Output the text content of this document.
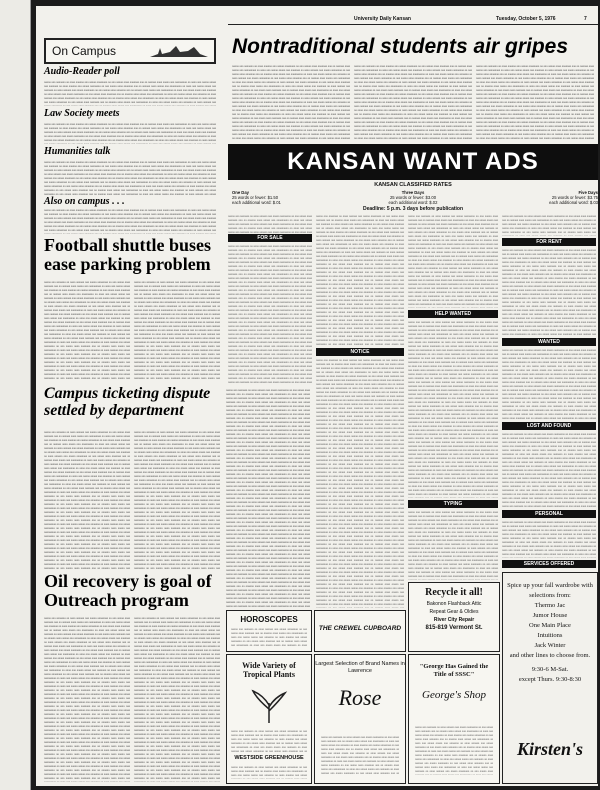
University Daily Kansan	Tuesday, October 5, 1976	7
On Campus
Audio-Reader poll
aaaaa aaa aaaaaaa aa aaaa aaaaaa aaa aaaaa aaaaaaaa aa aaa aaaaa aaaa aaaaaaa aaa aa aaaaaa aaaa aaaaa aaa aaaaaaaaa aa aaaa aaa aaaaa aaaaa aaa aaaaaaa aa aaaa aaaaaa aaa aaaaa aaaaaaaa aa aaa aaaaa aaaa aaaaaaa aaa aa aaaaaa aaaa aaaaa aaa aaaaaaaaa aa aaaa aaa aaaaa aaaaa aaa aaaaaaa aa aaaa aaaaaa aaa aaaaa aaaaaaaa aa aaa aaaaa aaaa aaaaaaa aaa aa aaaaaa aaaa aaaaa aaa aaaaaaaaa aa aaaa aaa aaaaa aaaaa aaa aaaaaaa aa aaaa aaaaaa aaa aaaaa aaaaaaaa aa aaa aaaaa aaaa aaaaaaa aaa aa aaaaaa aaaa aaaaa aaa aaaaaaaaa aa aaaa aaa aaaaa aaaaa aaa aaaaaaa aa aaaa aaaaaa aaa aaaaa aaaaaaaa aa aaa aaaaa aaaa aaaaaaa aaa aa aaaaaa aaaa aaaaa aaa aaaaaaaaa aa aaaa aaa aaaaa aaaaa aaa aaaaaaa aa aaaa aaaaaa aaa aaaaa aaaaaaaa aa aaa aaaaa aaaa aaaaaaa aaa aa aaaaaa aaaa aaaaa aaa aaaaaaaaa aa aaaa aaa aaaaa aaaaa aaa aaaaaaa aa aaaa aaaaaa aaa aaaaa aaaaaaaa aa aaa aaaaa aaaa aaaaaaa aaa aa aaaaaa aaaa aaaaa aaa aaaaaaaaa aa aaaa aaa aaaaa aaaaa aaa aaaaaaa aa aaaa aaaaaa aaa aaaaa
Law Society meets
aaaaa aaa aaaaaaa aa aaaa aaaaaa aaa aaaaa aaaaaaaa aa aaa aaaaa aaaa aaaaaaa aaa aa aaaaaa aaaa aaaaa aaa aaaaaaaaa aa aaaa aaa aaaaa aaaaa aaa aaaaaaa aa aaaa aaaaaa aaa aaaaa aaaaaaaa aa aaa aaaaa aaaa aaaaaaa aaa aa aaaaaa aaaa aaaaa aaa aaaaaaaaa aa aaaa aaa aaaaa aaaaa aaa aaaaaaa aa aaaa aaaaaa aaa aaaaa aaaaaaaa aa aaa aaaaa aaaa aaaaaaa aaa aa aaaaaa aaaa aaaaa aaa aaaaaaaaa aa aaaa aaa aaaaa aaaaa aaa aaaaaaa aa aaaa aaaaaa aaa aaaaa aaaaaaaa aa aaa aaaaa aaaa aaaaaaa aaa aa aaaaaa aaaa aaaaa aaa aaaaaaaaa aa aaaa aaa aaaaa aaaaa aaa aaaaaaa aa aaaa aaaaaa aaa aaaaa aaaaaaaa aa aaa aaaaa aaaa aaaaaaa aaa aa aaaaaa aaaa aaaaa aaa aaaaaaaaa aa aaaa aaa aaaaa aaaaa aaa aaaaaaa aa aaaa aaaaaa aaa aaaaa aaaaaaaa aa aaa aaaaa aaaa aaaaaaa aaa aa aaaaaa aaaa aaaaa aaa aaaaaaaaa aa aaaa aaa aaaaa aaaaa aaa aaaaaaa aa aaaa aaaaaa aaa
Humanities talk
aaaaa aaa aaaaaaa aa aaaa aaaaaa aaa aaaaa aaaaaaaa aa aaa aaaaa aaaa aaaaaaa aaa aa aaaaaa aaaa aaaaa aaa aaaaaaaaa aa aaaa aaa aaaaa aaaaa aaa aaaaaaa aa aaaa aaaaaa aaa aaaaa aaaaaaaa aa aaa aaaaa aaaa aaaaaaa aaa aa aaaaaa aaaa aaaaa aaa aaaaaaaaa aa aaaa aaa aaaaa aaaaa aaa aaaaaaa aa aaaa aaaaaa aaa aaaaa aaaaaaaa aa aaa aaaaa aaaa aaaaaaa aaa aa aaaaaa aaaa aaaaa aaa aaaaaaaaa aa aaaa aaa aaaaa aaaaa aaa aaaaaaa aa aaaa aaaaaa aaa aaaaa aaaaaaaa aa aaa aaaaa aaaa aaaaaaa aaa aa aaaaaa aaaa aaaaa aaa aaaaaaaaa aa aaaa aaa aaaaa aaaaa aaa aaaaaaa aa aaaa aaaaaa aaa aaaaa aaaaaaaa aa aaa aaaaa aaaa aaaaaaa aaa aa aaaaaa aaaa aaaaa aaa aaaaaaaaa aa aaaa aaa aaaaa aaaaa aaa aaaaaaa aa aaaa aaaaaa aaa aaaaa aaaaaaaa aa aaa aaaaa aaaa aaaaaaa aaa aa aaaaaa aaaa aaaaa aaa aaaaaaaaa aa aaaa aaa aaaaa aaaaa aaa aaaaaaa aa aaaa aaaaaa aaa aaaaa aaaaaaaa aa aaa aaaaa aaaa aaaaaaa aaa aa aaaaaa aaaa aaaaa aaa aaaaaaaaa aa aaaa aaa aaaaa aaaaa aaa aaaaaaa aa aaaa aaaaaa aaa aaaaa aaaaaaaa aa aaa aaaaa aaaa aaaaaaa aaa aa aaaaaa aaaa aaaaa aaa aaaaaaaaa aa aaaa aaa aaaaa aaaaa aaa aaaaaaa aa aaaa aaaaaa aaa aaaaa aaaaaaaa aa aaa aaaaa aaaa aaaaaaa aaa aa aaaaaa aaaa aaaaa aaa aaaaaaaaa aa aaaa aaa aaaaa aaaaa aaa aaaaaaa aa aaaa aaaaaa aaa aaaaa
Also on campus . . .
aaaaa aaa aaaaaaa aa aaaa aaaaaa aaa aaaaa aaaaaaaa aa aaa aaaaa aaaa aaaaaaa aaa aa aaaaaa aaaa aaaaa aaa aaaaaaaaa aa aaaa aaa aaaaa aaaaa aaa aaaaaaa aa aaaa aaaaaa aaa aaaaa aaaaaaaa aa aaa aaaaa aaaa aaaaaaa aaa aa aaaaaa aaaa aaaaa aaa aaaaaaaaa aa aaaa aaa aaaaa aaaaa aaa aaaaaaa aa aaaa aaaaaa aaa aaaaa aaaaaaaa aa aaa aaaaa aaaa aaaaaaa aaa aa aaaaaa aaaa aaaaa aaa aaaaaaaaa aa aaaa aaa aaaaa aaaaa aaa aaaaaaa aa aaaa aaaaaa aaa aaaaa aaaaaaaa aa aaa aaaaa aaaa aaaaaaa aaa aa aaaaaa aaaa aaaaa aaa aaaaaaaaa aa aaaa aaa aaaaa aaaaa aaa aaaaaaa aa aaaa aaaaaa aaa aaaaa aaaaaaaa aa aaa aaaaa aaaa aaaaaaa aaa aa aaaaaa aaaa aaaaa aaa aaaaaaaaa aa aaaa aaa aaaaa aaaaa aaa aaaaaaa aa aaaa aaaaaa aaa aaaaa aaaaaaaa aa aaa aaaaa aaaa aaaaaaa aaa aa aaaaaa aaaa aaaaa aaa aaaaaaaaa aa aaaa aaa aaaaa aaaaa aaa aaaaaaa aa aaaa aaaaaa aaa aaaaa aaaaaaaa aa aaa aaaaa aaaa aaaaaaa aaa aa aaaaaa aaaa aaaaa aaa aaaaaaaaa aa aaaa aaa aaaaa aaaaa aaa aaaaaaa aa aaaa aaaaaa aaa aaaaa
Football shuttle buses ease parking problem
aaaaa aaa aaaaaaa aa aaaa aaaaaa aaa aaaaa aaaaaaaa aa aaa aaaaa aaaa aaaaaaa aaa aa aaaaaa aaaa aaaaa aaa aaaaaaaaa aa aaaa aaa aaaaa aaaaa aaa aaaaaaa aa aaaa aaaaaa aaa aaaaa aaaaaaaa aa aaa aaaaa aaaa aaaaaaa aaa aa aaaaaa aaaa aaaaa aaa aaaaaaaaa aa aaaa aaa aaaaa aaaaa aaa aaaaaaa aa aaaa aaaaaa aaa aaaaa aaaaaaaa aa aaa aaaaa aaaa aaaaaaa aaa aa aaaaaa aaaa aaaaa aaa aaaaaaaaa aa aaaa aaa aaaaa aaaaa aaa aaaaaaa aa aaaa aaaaaa aaa aaaaa aaaaaaaa aa aaa aaaaa aaaa aaaaaaa aaa aa aaaaaa aaaa aaaaa aaa aaaaaaaaa aa aaaa aaa aaaaa aaaaa aaa aaaaaaa aa aaaa aaaaaa aaa aaaaa aaaaaaaa aa aaa aaaaa aaaa aaaaaaa aaa aa aaaaaa aaaa aaaaa aaa aaaaaaaaa aa aaaa aaa aaaaa aaaaa aaa aaaaaaa aa aaaa aaaaaa aaa aaaaa aaaaaaaa aa aaa aaaaa aaaa aaaaaaa aaa aa aaaaaa aaaa aaaaa aaa aaaaaaaaa aa aaaa aaa aaaaa aaaaa aaa aaaaaaa aa aaaa aaaaaa aaa aaaaa aaaaaaaa aa aaa aaaaa aaaa aaaaaaa aaa aa aaaaaa aaaa aaaaa aaa aaaaaaaaa aa aaaa aaa aaaaa aaaaa aaa aaaaaaa aa aaaa aaaaaa aaa aaaaa aaaaaaaa aa aaa aaaaa aaaa aaaaaaa aaa aa aaaaaa aaaa aaaaa aaa aaaaaaaaa aa aaaa aaa aaaaa aaaaa aaa aaaaaaa aa aaaa aaaaaa aaa aaaaa aaaaaaaa aa aaa aaaaa aaaa aaaaaaa aaa aa aaaaaa aaaa aaaaa aaa aaaaaaaaa aa aaaa aaa aaaaa aaaaa aaa aaaaaaa aa aaaa aaaaaa aaa aaaaa aaaaaaaa aa aaa aaaaa aaaa aaaaaaa aaa aa aaaaaa aaaa aaaaa aaa aaaaaaaaa aa aaaa aaa aaaaa aaaaa aaa aaaaaaa aa aaaa aaaaaa aaa aaaaa aaaaaaaa aa aaa aaaaa aaaa aaaaaaa aaa aa aaaaaa aaaa aaaaa aaa aaaaaaaaa aa aaaa aaa aaaaa aaaaa aaa aaaaaaa aa aaaa aaaaaa aaa aaaaa aaaaaaaa aa aaa aaaaa aaaa aaaaaaa aaa aa aaaaaa aaaa aaaaa aaa aaaaaaaaa aa aaaa aaa aaaaa aaaaa aaa aaaaaaa aa aaaa aaaaaa aaa aaaaa aaaaaaaa aa aaa aaaaa aaaa aaaaaaa aaa aa aaaaaa aaaa aaaaa aaa
aaaaa aaa aaaaaaa aa aaaa aaaaaa aaa aaaaa aaaaaaaa aa aaa aaaaa aaaa aaaaaaa aaa aa aaaaaa aaaa aaaaa aaa aaaaaaaaa aa aaaa aaa aaaaa aaaaa aaa aaaaaaa aa aaaa aaaaaa aaa aaaaa aaaaaaaa aa aaa aaaaa aaaa aaaaaaa aaa aa aaaaaa aaaa aaaaa aaa aaaaaaaaa aa aaaa aaa aaaaa aaaaa aaa aaaaaaa aa aaaa aaaaaa aaa aaaaa aaaaaaaa aa aaa aaaaa aaaa aaaaaaa aaa aa aaaaaa aaaa aaaaa aaa aaaaaaaaa aa aaaa aaa aaaaa aaaaa aaa aaaaaaa aa aaaa aaaaaa aaa aaaaa aaaaaaaa aa aaa aaaaa aaaa aaaaaaa aaa aa aaaaaa aaaa aaaaa aaa aaaaaaaaa aa aaaa aaa aaaaa aaaaa aaa aaaaaaa aa aaaa aaaaaa aaa aaaaa aaaaaaaa aa aaa aaaaa aaaa aaaaaaa aaa aa aaaaaa aaaa aaaaa aaa aaaaaaaaa aa aaaa aaa aaaaa aaaaa aaa aaaaaaa aa aaaa aaaaaa aaa aaaaa aaaaaaaa aa aaa aaaaa aaaa aaaaaaa aaa aa aaaaaa aaaa aaaaa aaa aaaaaaaaa aa aaaa aaa aaaaa aaaaa aaa aaaaaaa aa aaaa aaaaaa aaa aaaaa aaaaaaaa aa aaa aaaaa aaaa aaaaaaa aaa aa aaaaaa aaaa aaaaa aaa aaaaaaaaa aa aaaa aaa aaaaa aaaaa aaa aaaaaaa aa aaaa aaaaaa aaa aaaaa aaaaaaaa aa aaa aaaaa aaaa aaaaaaa aaa aa aaaaaa aaaa aaaaa aaa aaaaaaaaa aa aaaa aaa aaaaa aaaaa aaa aaaaaaa aa aaaa aaaaaa aaa aaaaa aaaaaaaa aa aaa aaaaa aaaa aaaaaaa aaa aa aaaaaa aaaa aaaaa aaa aaaaaaaaa aa aaaa aaa aaaaa aaaaa aaa aaaaaaa aa aaaa aaaaaa aaa aaaaa aaaaaaaa aa aaa aaaaa aaaa aaaaaaa aaa aa aaaaaa aaaa aaaaa aaa aaaaaaaaa aa aaaa aaa aaaaa aaaaa aaa aaaaaaa aa aaaa aaaaaa aaa aaaaa aaaaaaaa aa aaa aaaaa aaaa aaaaaaa aaa aa aaaaaa aaaa aaaaa aaa aaaaaaaaa aa aaaa aaa aaaaa aaaaa aaa aaaaaaa aa aaaa aaaaaa aaa aaaaa aaaaaaaa aa aaa aaaaa aaaa aaaaaaa aaa aa aaaaaa aaaa aaaaa aaa aaaaaaaaa aa aaaa aaa aaaaa aaaaa aaa aaaaaaa aa aaaa aaaaaa aaa aaaaa aaaaaaaa aa aaa aaaaa aaaa aaaaaaa aaa aa aaaaaa aaaa aaaaa aaa
Campus ticketing dispute settled by department
aaaaa aaa aaaaaaa aa aaaa aaaaaa aaa aaaaa aaaaaaaa aa aaa aaaaa aaaa aaaaaaa aaa aa aaaaaa aaaa aaaaa aaa aaaaaaaaa aa aaaa aaa aaaaa aaaaa aaa aaaaaaa aa aaaa aaaaaa aaa aaaaa aaaaaaaa aa aaa aaaaa aaaa aaaaaaa aaa aa aaaaaa aaaa aaaaa aaa aaaaaaaaa aa aaaa aaa aaaaa aaaaa aaa aaaaaaa aa aaaa aaaaaa aaa aaaaa aaaaaaaa aa aaa aaaaa aaaa aaaaaaa aaa aa aaaaaa aaaa aaaaa aaa aaaaaaaaa aa aaaa aaa aaaaa aaaaa aaa aaaaaaa aa aaaa aaaaaa aaa aaaaa aaaaaaaa aa aaa aaaaa aaaa aaaaaaa aaa aa aaaaaa aaaa aaaaa aaa aaaaaaaaa aa aaaa aaa aaaaa aaaaa aaa aaaaaaa aa aaaa aaaaaa aaa aaaaa aaaaaaaa aa aaa aaaaa aaaa aaaaaaa aaa aa aaaaaa aaaa aaaaa aaa aaaaaaaaa aa aaaa aaa aaaaa aaaaa aaa aaaaaaa aa aaaa aaaaaa aaa aaaaa aaaaaaaa aa aaa aaaaa aaaa aaaaaaa aaa aa aaaaaa aaaa aaaaa aaa aaaaaaaaa aa aaaa aaa aaaaa aaaaa aaa aaaaaaa aa aaaa aaaaaa aaa aaaaa aaaaaaaa aa aaa aaaaa aaaa aaaaaaa aaa aa aaaaaa aaaa aaaaa aaa aaaaaaaaa aa aaaa aaa aaaaa aaaaa aaa aaaaaaa aa aaaa aaaaaa aaa aaaaa aaaaaaaa aa aaa aaaaa aaaa aaaaaaa aaa aa aaaaaa aaaa aaaaa aaa aaaaaaaaa aa aaaa aaa aaaaa aaaaa aaa aaaaaaa aa aaaa aaaaaa aaa aaaaa aaaaaaaa aa aaa aaaaa aaaa aaaaaaa aaa aa aaaaaa aaaa aaaaa aaa aaaaaaaaa aa aaaa aaa aaaaa aaaaa aaa aaaaaaa aa aaaa aaaaaa aaa aaaaa aaaaaaaa aa aaa aaaaa aaaa aaaaaaa aaa aa aaaaaa aaaa aaaaa aaa aaaaaaaaa aa aaaa aaa aaaaa aaaaa aaa aaaaaaa aa aaaa aaaaaa aaa aaaaa aaaaaaaa aa aaa aaaaa aaaa aaaaaaa aaa aa aaaaaa aaaa aaaaa aaa aaaaaaaaa aa aaaa aaa aaaaa aaaaa aaa aaaaaaa aa aaaa aaaaaa aaa aaaaa aaaaaaaa aa aaa aaaaa aaaa aaaaaaa aaa aa aaaaaa aaaa aaaaa aaa aaaaaaaaa aa aaaa aaa aaaaa aaaaa aaa aaaaaaa aa aaaa aaaaaa aaa aaaaa aaaaaaaa aa aaa aaaaa aaaa aaaaaaa aaa aa aaaaaa aaaa aaaaa aaa aaaaaaaaa aa aaaa aaa aaaaa aaaaa aaa aaaaaaa aa aaaa aaaaaa aaa aaaaa aaaaaaaa aa aaa aaaaa aaaa aaaaaaa aaa aa aaaaaa aaaa aaaaa aaa aaaaaaaaa aa aaaa aaa aaaaa aaaaa aaa aaaaaaa aa aaaa aaaaaa aaa aaaaa aaaaaaaa aa aaa aaaaa aaaa aaaaaaa aaa aa aaaaaa aaaa aaaaa aaa aaaaaaaaa aa aaaa aaa aaaaa aaaaa aaa aaaaaaa aa aaaa aaaaaa aaa aaaaa aaaaaaaa aa aaa aaaaa aaaa aaaaaaa aaa aa aaaaaa aaaa aaaaa aaa aaaaaaaaa aa aaaa aaa aaaaa aaaaa aaa aaaaaaa aa aaaa aaaaaa aaa aaaaa aaaaaaaa aa aaa aaaaa aaaa aaaaaaa aaa aa aaaaaa aaaa aaaaa aaa aaaaaaaaa aa aaaa aaa aaaaa aaaaa aaa aaaaaaa aa aaaa aaaaaa aaa aaaaa aaaaaaaa aa aaa aaaaa aaaa aaaaaaa aaa aa aaaaaa aaaa aaaaa aaa
aaaaa aaa aaaaaaa aa aaaa aaaaaa aaa aaaaa aaaaaaaa aa aaa aaaaa aaaa aaaaaaa aaa aa aaaaaa aaaa aaaaa aaa aaaaaaaaa aa aaaa aaa aaaaa aaaaa aaa aaaaaaa aa aaaa aaaaaa aaa aaaaa aaaaaaaa aa aaa aaaaa aaaa aaaaaaa aaa aa aaaaaa aaaa aaaaa aaa aaaaaaaaa aa aaaa aaa aaaaa aaaaa aaa aaaaaaa aa aaaa aaaaaa aaa aaaaa aaaaaaaa aa aaa aaaaa aaaa aaaaaaa aaa aa aaaaaa aaaa aaaaa aaa aaaaaaaaa aa aaaa aaa aaaaa aaaaa aaa aaaaaaa aa aaaa aaaaaa aaa aaaaa aaaaaaaa aa aaa aaaaa aaaa aaaaaaa aaa aa aaaaaa aaaa aaaaa aaa aaaaaaaaa aa aaaa aaa aaaaa aaaaa aaa aaaaaaa aa aaaa aaaaaa aaa aaaaa aaaaaaaa aa aaa aaaaa aaaa aaaaaaa aaa aa aaaaaa aaaa aaaaa aaa aaaaaaaaa aa aaaa aaa aaaaa aaaaa aaa aaaaaaa aa aaaa aaaaaa aaa aaaaa aaaaaaaa aa aaa aaaaa aaaa aaaaaaa aaa aa aaaaaa aaaa aaaaa aaa aaaaaaaaa aa aaaa aaa aaaaa aaaaa aaa aaaaaaa aa aaaa aaaaaa aaa aaaaa aaaaaaaa aa aaa aaaaa aaaa aaaaaaa aaa aa aaaaaa aaaa aaaaa aaa aaaaaaaaa aa aaaa aaa aaaaa aaaaa aaa aaaaaaa aa aaaa aaaaaa aaa aaaaa aaaaaaaa aa aaa aaaaa aaaa aaaaaaa aaa aa aaaaaa aaaa aaaaa aaa aaaaaaaaa aa aaaa aaa aaaaa aaaaa aaa aaaaaaa aa aaaa aaaaaa aaa aaaaa aaaaaaaa aa aaa aaaaa aaaa aaaaaaa aaa aa aaaaaa aaaa aaaaa aaa aaaaaaaaa aa aaaa aaa aaaaa aaaaa aaa aaaaaaa aa aaaa aaaaaa aaa aaaaa aaaaaaaa aa aaa aaaaa aaaa aaaaaaa aaa aa aaaaaa aaaa aaaaa aaa aaaaaaaaa aa aaaa aaa aaaaa aaaaa aaa aaaaaaa aa aaaa aaaaaa aaa aaaaa aaaaaaaa aa aaa aaaaa aaaa aaaaaaa aaa aa aaaaaa aaaa aaaaa aaa aaaaaaaaa aa aaaa aaa aaaaa aaaaa aaa aaaaaaa aa aaaa aaaaaa aaa aaaaa aaaaaaaa aa aaa aaaaa aaaa aaaaaaa aaa aa aaaaaa aaaa aaaaa aaa aaaaaaaaa aa aaaa aaa aaaaa aaaaa aaa aaaaaaa aa aaaa aaaaaa aaa aaaaa aaaaaaaa aa aaa aaaaa aaaa aaaaaaa aaa aa aaaaaa aaaa aaaaa aaa aaaaaaaaa aa aaaa aaa aaaaa aaaaa aaa aaaaaaa aa aaaa aaaaaa aaa aaaaa aaaaaaaa aa aaa aaaaa aaaa aaaaaaa aaa aa aaaaaa aaaa aaaaa aaa aaaaaaaaa aa aaaa aaa aaaaa aaaaa aaa aaaaaaa aa aaaa aaaaaa aaa aaaaa aaaaaaaa aa aaa aaaaa aaaa aaaaaaa aaa aa aaaaaa aaaa aaaaa aaa aaaaaaaaa aa aaaa aaa aaaaa aaaaa aaa aaaaaaa aa aaaa aaaaaa aaa aaaaa aaaaaaaa aa aaa aaaaa aaaa aaaaaaa aaa aa aaaaaa aaaa aaaaa aaa aaaaaaaaa aa aaaa aaa aaaaa aaaaa aaa aaaaaaa aa aaaa aaaaaa aaa aaaaa aaaaaaaa aa aaa aaaaa aaaa aaaaaaa aaa aa aaaaaa aaaa aaaaa aaa aaaaaaaaa aa aaaa aaa aaaaa aaaaa aaa aaaaaaa aa aaaa aaaaaa aaa aaaaa aaaaaaaa aa aaa aaaaa aaaa aaaaaaa aaa aa aaaaaa aaaa aaaaa aaa
Oil recovery is goal of Outreach program
aaaaa aaa aaaaaaa aa aaaa aaaaaa aaa aaaaa aaaaaaaa aa aaa aaaaa aaaa aaaaaaa aaa aa aaaaaa aaaa aaaaa aaa aaaaaaaaa aa aaaa aaa aaaaa aaaaa aaa aaaaaaa aa aaaa aaaaaa aaa aaaaa aaaaaaaa aa aaa aaaaa aaaa aaaaaaa aaa aa aaaaaa aaaa aaaaa aaa aaaaaaaaa aa aaaa aaa aaaaa aaaaa aaa aaaaaaa aa aaaa aaaaaa aaa aaaaa aaaaaaaa aa aaa aaaaa aaaa aaaaaaa aaa aa aaaaaa aaaa aaaaa aaa aaaaaaaaa aa aaaa aaa aaaaa aaaaa aaa aaaaaaa aa aaaa aaaaaa aaa aaaaa aaaaaaaa aa aaa aaaaa aaaa aaaaaaa aaa aa aaaaaa aaaa aaaaa aaa aaaaaaaaa aa aaaa aaa aaaaa aaaaa aaa aaaaaaa aa aaaa aaaaaa aaa aaaaa aaaaaaaa aa aaa aaaaa aaaa aaaaaaa aaa aa aaaaaa aaaa aaaaa aaa aaaaaaaaa aa aaaa aaa aaaaa aaaaa aaa aaaaaaa aa aaaa aaaaaa aaa aaaaa aaaaaaaa aa aaa aaaaa aaaa aaaaaaa aaa aa aaaaaa aaaa aaaaa aaa aaaaaaaaa aa aaaa aaa aaaaa aaaaa aaa aaaaaaa aa aaaa aaaaaa aaa aaaaa aaaaaaaa aa aaa aaaaa aaaa aaaaaaa aaa aa aaaaaa aaaa aaaaa aaa aaaaaaaaa aa aaaa aaa aaaaa aaaaa aaa aaaaaaa aa aaaa aaaaaa aaa aaaaa aaaaaaaa aa aaa aaaaa aaaa aaaaaaa aaa aa aaaaaa aaaa aaaaa aaa aaaaaaaaa aa aaaa aaa aaaaa aaaaa aaa aaaaaaa aa aaaa aaaaaa aaa aaaaa aaaaaaaa aa aaa aaaaa aaaa aaaaaaa aaa aa aaaaaa aaaa aaaaa aaa aaaaaaaaa aa aaaa aaa aaaaa aaaaa aaa aaaaaaa aa aaaa aaaaaa aaa aaaaa aaaaaaaa aa aaa aaaaa aaaa aaaaaaa aaa aa aaaaaa aaaa aaaaa aaa aaaaaaaaa aa aaaa aaa aaaaa aaaaa aaa aaaaaaa aa aaaa aaaaaa aaa aaaaa aaaaaaaa aa aaa aaaaa aaaa aaaaaaa aaa aa aaaaaa aaaa aaaaa aaa aaaaaaaaa aa aaaa aaa aaaaa aaaaa aaa aaaaaaa aa aaaa aaaaaa aaa aaaaa aaaaaaaa aa aaa aaaaa aaaa aaaaaaa aaa aa aaaaaa aaaa aaaaa aaa aaaaaaaaa aa aaaa aaa aaaaa aaaaa aaa aaaaaaa aa aaaa aaaaaa aaa aaaaa aaaaaaaa aa aaa aaaaa aaaa aaaaaaa aaa aa aaaaaa aaaa aaaaa aaa aaaaaaaaa aa aaaa aaa aaaaa aaaaa aaa aaaaaaa aa aaaa aaaaaa aaa aaaaa aaaaaaaa aa aaa aaaaa aaaa aaaaaaa aaa aa aaaaaa aaaa aaaaa aaa aaaaaaaaa aa aaaa aaa aaaaa aaaaa aaa aaaaaaa aa aaaa aaaaaa aaa aaaaa aaaaaaaa aa aaa aaaaa aaaa aaaaaaa aaa aa aaaaaa aaaa aaaaa aaa aaaaaaaaa aa aaaa aaa aaaaa aaaaa aaa aaaaaaa aa aaaa aaaaaa aaa aaaaa aaaaaaaa aa aaa aaaaa aaaa aaaaaaa aaa aa aaaaaa aaaa aaaaa aaa aaaaaaaaa aa aaaa aaa aaaaa aaaaa aaa aaaaaaa aa aaaa aaaaaa aaa aaaaa aaaaaaaa aa aaa aaaaa aaaa aaaaaaa aaa aa aaaaaa aaaa aaaaa aaa aaaaaaaaa aa aaaa aaa aaaaa aaaaa aaa aaaaaaa aa aaaa aaaaaa aaa aaaaa aaaaaaaa aa aaa aaaaa aaaa aaaaaaa aaa aa aaaaaa aaaa aaaaa aaa aaaaaaaaa aa aaaa aaa aaaaa aaaaa aaa aaaaaaa aa aaaa aaaaaa aaa aaaaa aaaaaaaa aa aaa aaaaa aaaa aaaaaaa aaa aa aaaaaa aaaa aaaaa aaa aaaaaaaaa aa aaaa aaa aaaaa aaaaa aaa aaaaaaa aa aaaa aaaaaa aaa aaaaa aaaaaaaa aa aaa aaaaa aaaa aaaaaaa aaa aa aaaaaa aaaa aaaaa aaa aaaaaaaaa aa aaaa aaa aaaaa aaaaa aaa aaaaaaa aa aaaa aaaaaa aaa aaaaa aaaaaaaa aa aaa aaaaa aaaa aaaaaaa aaa aa aaaaaa aaaa aaaaa aaa aaaaaaaaa aa aaaa aaa aaaaa aaaaa aaa aaaaaaa aa aaaa aaaaaa aaa aaaaa
aaaaa aaa aaaaaaa aa aaaa aaaaaa aaa aaaaa aaaaaaaa aa aaa aaaaa aaaa aaaaaaa aaa aa aaaaaa aaaa aaaaa aaa aaaaaaaaa aa aaaa aaa aaaaa aaaaa aaa aaaaaaa aa aaaa aaaaaa aaa aaaaa aaaaaaaa aa aaa aaaaa aaaa aaaaaaa aaa aa aaaaaa aaaa aaaaa aaa aaaaaaaaa aa aaaa aaa aaaaa aaaaa aaa aaaaaaa aa aaaa aaaaaa aaa aaaaa aaaaaaaa aa aaa aaaaa aaaa aaaaaaa aaa aa aaaaaa aaaa aaaaa aaa aaaaaaaaa aa aaaa aaa aaaaa aaaaa aaa aaaaaaa aa aaaa aaaaaa aaa aaaaa aaaaaaaa aa aaa aaaaa aaaa aaaaaaa aaa aa aaaaaa aaaa aaaaa aaa aaaaaaaaa aa aaaa aaa aaaaa aaaaa aaa aaaaaaa aa aaaa aaaaaa aaa aaaaa aaaaaaaa aa aaa aaaaa aaaa aaaaaaa aaa aa aaaaaa aaaa aaaaa aaa aaaaaaaaa aa aaaa aaa aaaaa aaaaa aaa aaaaaaa aa aaaa aaaaaa aaa aaaaa aaaaaaaa aa aaa aaaaa aaaa aaaaaaa aaa aa aaaaaa aaaa aaaaa aaa aaaaaaaaa aa aaaa aaa aaaaa aaaaa aaa aaaaaaa aa aaaa aaaaaa aaa aaaaa aaaaaaaa aa aaa aaaaa aaaa aaaaaaa aaa aa aaaaaa aaaa aaaaa aaa aaaaaaaaa aa aaaa aaa aaaaa aaaaa aaa aaaaaaa aa aaaa aaaaaa aaa aaaaa aaaaaaaa aa aaa aaaaa aaaa aaaaaaa aaa aa aaaaaa aaaa aaaaa aaa aaaaaaaaa aa aaaa aaa aaaaa aaaaa aaa aaaaaaa aa aaaa aaaaaa aaa aaaaa aaaaaaaa aa aaa aaaaa aaaa aaaaaaa aaa aa aaaaaa aaaa aaaaa aaa aaaaaaaaa aa aaaa aaa aaaaa aaaaa aaa aaaaaaa aa aaaa aaaaaa aaa aaaaa aaaaaaaa aa aaa aaaaa aaaa aaaaaaa aaa aa aaaaaa aaaa aaaaa aaa aaaaaaaaa aa aaaa aaa aaaaa aaaaa aaa aaaaaaa aa aaaa aaaaaa aaa aaaaa aaaaaaaa aa aaa aaaaa aaaa aaaaaaa aaa aa aaaaaa aaaa aaaaa aaa aaaaaaaaa aa aaaa aaa aaaaa aaaaa aaa aaaaaaa aa aaaa aaaaaa aaa aaaaa aaaaaaaa aa aaa aaaaa aaaa aaaaaaa aaa aa aaaaaa aaaa aaaaa aaa aaaaaaaaa aa aaaa aaa aaaaa aaaaa aaa aaaaaaa aa aaaa aaaaaa aaa aaaaa aaaaaaaa aa aaa aaaaa aaaa aaaaaaa aaa aa aaaaaa aaaa aaaaa aaa aaaaaaaaa aa aaaa aaa aaaaa aaaaa aaa aaaaaaa aa aaaa aaaaaa aaa aaaaa aaaaaaaa aa aaa aaaaa aaaa aaaaaaa aaa aa aaaaaa aaaa aaaaa aaa aaaaaaaaa aa aaaa aaa aaaaa aaaaa aaa aaaaaaa aa aaaa aaaaaa aaa aaaaa aaaaaaaa aa aaa aaaaa aaaa aaaaaaa aaa aa aaaaaa aaaa aaaaa aaa aaaaaaaaa aa aaaa aaa aaaaa aaaaa aaa aaaaaaa aa aaaa aaaaaa aaa aaaaa aaaaaaaa aa aaa aaaaa aaaa aaaaaaa aaa aa aaaaaa aaaa aaaaa aaa aaaaaaaaa aa aaaa aaa aaaaa aaaaa aaa aaaaaaa aa aaaa aaaaaa aaa aaaaa aaaaaaaa aa aaa aaaaa aaaa aaaaaaa aaa aa aaaaaa aaaa aaaaa aaa aaaaaaaaa aa aaaa aaa aaaaa aaaaa aaa aaaaaaa aa aaaa aaaaaa aaa aaaaa aaaaaaaa aa aaa aaaaa aaaa aaaaaaa aaa aa aaaaaa aaaa aaaaa aaa aaaaaaaaa aa aaaa aaa aaaaa aaaaa aaa aaaaaaa aa aaaa aaaaaa aaa aaaaa aaaaaaaa aa aaa aaaaa aaaa aaaaaaa aaa aa aaaaaa aaaa aaaaa aaa aaaaaaaaa aa aaaa aaa aaaaa aaaaa aaa aaaaaaa aa aaaa aaaaaa aaa aaaaa aaaaaaaa aa aaa aaaaa aaaa aaaaaaa aaa aa aaaaaa aaaa aaaaa aaa aaaaaaaaa aa aaaa aaa aaaaa aaaaa aaa aaaaaaa aa aaaa aaaaaa aaa aaaaa aaaaaaaa aa aaa aaaaa aaaa aaaaaaa aaa aa aaaaaa aaaa aaaaa aaa aaaaaaaaa aa aaaa aaa aaaaa aaaaa aaa aaaaaaa aa aaaa aaaaaa aaa aaaaa
aaaaa aaa aaaaaaa aa aaaa aaaaaa aaa aaaaa aaaaaaaa aa aaa aaaaa aaaa aaaaaaa aaa aa aaaaaa aaaa aaaaa aaa aaaaaaaaa aa aaaa aaa aaaaa aaaaa aaa aaaaaaa aa aaaa aaaaaa aaa aaaaa aaaaaaaa aa aaa aaaaa aaaa aaaaaaa aaa aa aaaaaa aaaa aaaaa aaa aaaaaaaaa aa aaaa aaa aaaaa aaaaa aaa aaaaaaa aa aaaa aaaaaa aaa aaaaa aaaaaaaa aa aaa aaaaa aaaa aaaaaaa aaa aa aaaaaa aaaa aaaaa aaa aaaaaaaaa aa aaaa aaa aaaaa aaaaa aaa aaaaaaa aa aaaa aaaaaa aaa aaaaa aaaaaaaa aa aaa aaaaa aaaa aaaaaaa aaa aa aaaaaa aaaa aaaaa aaa aaaaaaaaa aa aaaa aaa aaaaa aaaaa aaa aaaaaaa aa aaaa aaaaaa aaa aaaaa aaaaaaaa aa aaa aaaaa aaaa aaaaaaa aaa aa aaaaaa aaaa aaaaa aaa aaaaaaaaa aa aaaa aaa aaaaa aaaaa aaa aaaaaaa aa aaaa aaaaaa aaa aaaaa aaaaaaaa aa aaa aaaaa aaaa aaaaaaa aaa aa aaaaaa aaaa aaaaa aaa aaaaaaaaa aa aaaa aaa aaaaa aaaaa aaa aaaaaaa aa aaaa aaaaaa aaa aaaaa aaaaaaaa aa aaa aaaaa aaaa aaaaaaa aaa aa aaaaaa aaaa aaaaa aaa aaaaaaaaa aa aaaa aaa aaaaa aaaaa aaa aaaaaaa aa aaaa aaaaaa aaa aaaaa aaaaaaaa aa aaa aaaaa aaaa aaaaaaa aaa aa aaaaaa aaaa aaaaa aaa aaaaaaaaa aa aaaa aaa aaaaa aaaaa aaa aaaaaaa aa aaaa aaaaaa aaa aaaaa aaaaaaaa aa aaa aaaaa aaaa aaaaaaa aaa aa aaaaaa aaaa aaaaa aaa aaaaaaaaa aa aaaa aaa aaaaa aaaaa aaa aaaaaaa aa aaaa aaaaaa aaa aaaaa aaaaaaaa aa aaa aaaaa aaaa aaaaaaa aaa aa aaaaaa aaaa aaaaa aaa aaaaaaaaa aa aaaa aaa aaaaa aaaaa aaa aaaaaaa aa aaaa aaaaaa aaa aaaaa aaaaaaaa aa aaa aaaaa aaaa aaaaaaa aaa aa aaaaaa aaaa aaaaa aaa aaaaaaaaa aa aaaa aaa aaaaa aaaaa aaa aaaaaaa aa aaaa aaaaaa aaa aaaaa aaaaaaaa aa aaa aaaaa aaaa aaaaaaa aaa aa aaaaaa aaaa aaaaa aaa aaaaaaaaa aa aaaa aaa aaaaa aaaaa aaa aaaaaaa aa aaaa aaaaaa aaa aaaaa aaaaaaaa aa aaa aaaaa aaaa aaaaaaa aaa aa aaaaaa aaaa aaaaa aaa aaaaaaaaa aa aaaa aaa aaaaa aaaaa aaa aaaaaaa aa aaaa aaaaaa aaa aaaaa aaaaaaaa aa aaa aaaaa aaaa aaaaaaa aaa aa aaaaaa aaaa aaaaa aaa aaaaaaaaa aa aaaa aaa aaaaa aaaaa aaa aaaaaaa aa aaaa aaaaaa aaa aaaaa aaaaaaaa aa aaa aaaaa aaaa aaaaaaa aaa aa aaaaaa aaaa aaaaa aaa aaaaaaaaa aa aaaa aaa aaaaa aaaaa aaa aaaaaaa aa aaaa aaaaaa aaa aaaaa aaaaaaaa aa aaa aaaaa aaaa aaaaaaa aaa aa aaaaaa aaaa aaaaa aaa aaaaaaaaa aa aaaa aaa aaaaa aaaaa aaa aaaaaaa aa aaaa aaaaaa aaa aaaaa aaaaaaaa aa aaa aaaaa aaaa aaaaaaa aaa aa aaaaaa aaaa aaaaa aaa aaaaaaaaa aa aaaa aaa aaaaa aaaaa aaa aaaaaaa aa aaaa aaaaaa aaa aaaaa aaaaaaaa aa aaa aaaaa aaaa aaaaaaa aaa aa aaaaaa aaaa aaaaa aaa aaaaaaaaa aa aaaa aaa aaaaa aaaaa aaa aaaaaaa aa aaaa aaaaaa aaa aaaaa aaaaaaaa aa aaa aaaaa aaaa aaaaaaa aaa aa aaaaaa aaaa aaaaa aaa aaaaaaaaa aa aaaa aaa aaaaa aaaaa aaa aaaaaaa aa aaaa aaaaaa aaa aaaaa aaaaaaaa aa aaa aaaaa aaaa aaaaaaa aaa aa aaaaaa aaaa aaaaa aaa aaaaaaaaa aa aaaa aaa aaaaa aaaaa aaa aaaaaaa aa aaaa aaaaaa aaa aaaaa aaaaaaaa aa aaa aaaaa aaaa aaaaaaa aaa aa aaaaaa aaaa aaaaa aaa aaaaaaaaa aa aaaa aaa aaaaa aaaaa aaa aaaaaaa aa aaaa aaaaaa aaa aaaaa aaaaaaaa aa aaa aaaaa aaaa aaaaaaa aaa aa aaaaaa aaaa aaaaa aaa aaaaaaaaa aa aaaa aaa aaaaa aaaaa aaa aaaaaaa aa aaaa aaaaaa aaa aaaaa aaaaaaaa aa aaa aaaaa aaaa aaaaaaa aaa aa aaaaaa aaaa aaaaa aaa aaaaaaaaa aa aaaa aaa aaaaa aaaaa aaa aaaaaaa aa aaaa aaaaaa aaa aaaaa aaaaaaaa aa aaa aaaaa aaaa aaaaaaa aaa aa aaaaaa aaaa aaaaa aaa aaaaaaaaa aa aaaa aaa aaaaa aaaaa aaa aaaaaaa aa aaaa aaaaaa aaa aaaaa aaaaaaaa aa aaa aaaaa aaaa aaaaaaa aaa aa aaaaaa aaaa aaaaa aaa aaaaaaaaa aa aaaa aaa aaaaa aaaaa aaa aaaaaaa aa aaaa aaaaaa aaa aaaaa aaaaaaaa aa aaa aaaaa aaaa aaaaaaa aaa aa aaaaaa aaaa aaaaa aaa aaaaaaaaa aa aaaa aaa aaaaa aaaaa aaa aaaaaaa aa aaaa aaaaaa aaa aaaaa aaaaaaaa aa aaa aaaaa aaaa aaaaaaa aaa aa aaaaaa aaaa aaaaa aaa aaaaaaaaa aa aaaa aaa aaaaa aaaaa aaa aaaaaaa aa aaaa aaaaaa aaa aaaaa aaaaaaaa aa aaa aaaaa aaaa
Nontraditional students air gripes
aaaaa aaa aaaaaaa aa aaaa aaaaaa aaa aaaaa aaaaaaaa aa aaa aaaaa aaaa aaaaaaa aaa aa aaaaaa aaaa aaaaa aaa aaaaaaaaa aa aaaa aaa aaaaa aaaaa aaa aaaaaaa aa aaaa aaaaaa aaa aaaaa aaaaaaaa aa aaa aaaaa aaaa aaaaaaa aaa aa aaaaaa aaaa aaaaa aaa aaaaaaaaa aa aaaa aaa aaaaa aaaaa aaa aaaaaaa aa aaaa aaaaaa aaa aaaaa aaaaaaaa aa aaa aaaaa aaaa aaaaaaa aaa aa aaaaaa aaaa aaaaa aaa aaaaaaaaa aa aaaa aaa aaaaa aaaaa aaa aaaaaaa aa aaaa aaaaaa aaa aaaaa aaaaaaaa aa aaa aaaaa aaaa aaaaaaa aaa aa aaaaaa aaaa aaaaa aaa aaaaaaaaa aa aaaa aaa aaaaa aaaaa aaa aaaaaaa aa aaaa aaaaaa aaa aaaaa aaaaaaaa aa aaa aaaaa aaaa aaaaaaa aaa aa aaaaaa aaaa aaaaa aaa aaaaaaaaa aa aaaa aaa aaaaa aaaaa aaa aaaaaaa aa aaaa aaaaaa aaa aaaaa aaaaaaaa aa aaa aaaaa aaaa aaaaaaa aaa aa aaaaaa aaaa aaaaa aaa aaaaaaaaa aa aaaa aaa aaaaa aaaaa aaa aaaaaaa aa aaaa aaaaaa aaa aaaaa aaaaaaaa aa aaa aaaaa aaaa aaaaaaa aaa aa aaaaaa aaaa aaaaa aaa aaaaaaaaa aa aaaa aaa aaaaa aaaaa aaa aaaaaaa aa aaaa aaaaaa aaa aaaaa aaaaaaaa aa aaa aaaaa aaaa aaaaaaa aaa aa aaaaaa aaaa aaaaa aaa aaaaaaaaa aa aaaa aaa aaaaa aaaaa aaa aaaaaaa aa aaaa aaaaaa aaa aaaaa aaaaaaaa aa aaa aaaaa aaaa aaaaaaa aaa aa aaaaaa aaaa aaaaa aaa aaaaaaaaa aa aaaa aaa aaaaa aaaaa aaa aaaaaaa aa aaaa aaaaaa aaa aaaaa aaaaaaaa aa aaa aaaaa aaaa aaaaaaa aaa aa aaaaaa aaaa aaaaa aaa aaaaaaaaa aa aaaa aaa aaaaa aaaaa aaa aaaaaaa aa aaaa aaaaaa aaa aaaaa aaaaaaaa aa aaa aaaaa aaaa aaaaaaa aaa aa aaaaaa aaaa aaaaa aaa aaaaaaaaa aa aaaa aaa aaaaa aaaaa aaa aaaaaaa aa aaaa aaaaaa aaa aaaaa aaaaaaaa aa aaa aaaaa aaaa aaaaaaa aaa aa aaaaaa aaaa aaaaa aaa aaaaaaaaa aa aaaa aaa aaaaa aaaaa aaa aaaaaaa aa aaaa aaaaaa aaa aaaaa aaaaaaaa aa aaa aaaaa aaaa aaaaaaa aaa aa aaaaaa aaaa aaaaa aaa aaaaaaaaa aa aaaa aaa aaaaa aaaaa aaa aaaaaaa aa aaaa aaaaaa aaa aaaaa aaaaaaaa aa aaa aaaaa aaaa aaaaaaa
aaaaa aaa aaaaaaa aa aaaa aaaaaa aaa aaaaa aaaaaaaa aa aaa aaaaa aaaa aaaaaaa aaa aa aaaaaa aaaa aaaaa aaa aaaaaaaaa aa aaaa aaa aaaaa aaaaa aaa aaaaaaa aa aaaa aaaaaa aaa aaaaa aaaaaaaa aa aaa aaaaa aaaa aaaaaaa aaa aa aaaaaa aaaa aaaaa aaa aaaaaaaaa aa aaaa aaa aaaaa aaaaa aaa aaaaaaa aa aaaa aaaaaa aaa aaaaa aaaaaaaa aa aaa aaaaa aaaa aaaaaaa aaa aa aaaaaa aaaa aaaaa aaa aaaaaaaaa aa aaaa aaa aaaaa aaaaa aaa aaaaaaa aa aaaa aaaaaa aaa aaaaa aaaaaaaa aa aaa aaaaa aaaa aaaaaaa aaa aa aaaaaa aaaa aaaaa aaa aaaaaaaaa aa aaaa aaa aaaaa aaaaa aaa aaaaaaa aa aaaa aaaaaa aaa aaaaa aaaaaaaa aa aaa aaaaa aaaa aaaaaaa aaa aa aaaaaa aaaa aaaaa aaa aaaaaaaaa aa aaaa aaa aaaaa aaaaa aaa aaaaaaa aa aaaa aaaaaa aaa aaaaa aaaaaaaa aa aaa aaaaa aaaa aaaaaaa aaa aa aaaaaa aaaa aaaaa aaa aaaaaaaaa aa aaaa aaa aaaaa aaaaa aaa aaaaaaa aa aaaa aaaaaa aaa aaaaa aaaaaaaa aa aaa aaaaa aaaa aaaaaaa aaa aa aaaaaa aaaa aaaaa aaa aaaaaaaaa aa aaaa aaa aaaaa aaaaa aaa aaaaaaa aa aaaa aaaaaa aaa aaaaa aaaaaaaa aa aaa aaaaa aaaa aaaaaaa aaa aa aaaaaa aaaa aaaaa aaa aaaaaaaaa aa aaaa aaa aaaaa aaaaa aaa aaaaaaa aa aaaa aaaaaa aaa aaaaa aaaaaaaa aa aaa aaaaa aaaa aaaaaaa aaa aa aaaaaa aaaa aaaaa aaa aaaaaaaaa aa aaaa aaa aaaaa aaaaa aaa aaaaaaa aa aaaa aaaaaa aaa aaaaa aaaaaaaa aa aaa aaaaa aaaa aaaaaaa aaa aa aaaaaa aaaa aaaaa aaa aaaaaaaaa aa aaaa aaa aaaaa aaaaa aaa aaaaaaa aa aaaa aaaaaa aaa aaaaa aaaaaaaa aa aaa aaaaa aaaa aaaaaaa aaa aa aaaaaa aaaa aaaaa aaa aaaaaaaaa aa aaaa aaa aaaaa aaaaa aaa aaaaaaa aa aaaa aaaaaa aaa aaaaa aaaaaaaa aa aaa aaaaa aaaa aaaaaaa aaa aa aaaaaa aaaa aaaaa aaa aaaaaaaaa aa aaaa aaa aaaaa aaaaa aaa aaaaaaa aa aaaa aaaaaa aaa aaaaa aaaaaaaa aa aaa aaaaa aaaa aaaaaaa aaa aa aaaaaa aaaa aaaaa aaa aaaaaaaaa aa aaaa aaa aaaaa aaaaa aaa aaaaaaa aa aaaa aaaaaa aaa aaaaa aaaaaaaa aa aaa aaaaa aaaa aaaaaaa
aaaaa aaa aaaaaaa aa aaaa aaaaaa aaa aaaaa aaaaaaaa aa aaa aaaaa aaaa aaaaaaa aaa aa aaaaaa aaaa aaaaa aaa aaaaaaaaa aa aaaa aaa aaaaa aaaaa aaa aaaaaaa aa aaaa aaaaaa aaa aaaaa aaaaaaaa aa aaa aaaaa aaaa aaaaaaa aaa aa aaaaaa aaaa aaaaa aaa aaaaaaaaa aa aaaa aaa aaaaa aaaaa aaa aaaaaaa aa aaaa aaaaaa aaa aaaaa aaaaaaaa aa aaa aaaaa aaaa aaaaaaa aaa aa aaaaaa aaaa aaaaa aaa aaaaaaaaa aa aaaa aaa aaaaa aaaaa aaa aaaaaaa aa aaaa aaaaaa aaa aaaaa aaaaaaaa aa aaa aaaaa aaaa aaaaaaa aaa aa aaaaaa aaaa aaaaa aaa aaaaaaaaa aa aaaa aaa aaaaa aaaaa aaa aaaaaaa aa aaaa aaaaaa aaa aaaaa aaaaaaaa aa aaa aaaaa aaaa aaaaaaa aaa aa aaaaaa aaaa aaaaa aaa aaaaaaaaa aa aaaa aaa aaaaa aaaaa aaa aaaaaaa aa aaaa aaaaaa aaa aaaaa aaaaaaaa aa aaa aaaaa aaaa aaaaaaa aaa aa aaaaaa aaaa aaaaa aaa aaaaaaaaa aa aaaa aaa aaaaa aaaaa aaa aaaaaaa aa aaaa aaaaaa aaa aaaaa aaaaaaaa aa aaa aaaaa aaaa aaaaaaa aaa aa aaaaaa aaaa aaaaa aaa aaaaaaaaa aa aaaa aaa aaaaa aaaaa aaa aaaaaaa aa aaaa aaaaaa aaa aaaaa aaaaaaaa aa aaa aaaaa aaaa aaaaaaa aaa aa aaaaaa aaaa aaaaa aaa aaaaaaaaa aa aaaa aaa aaaaa aaaaa aaa aaaaaaa aa aaaa aaaaaa aaa aaaaa aaaaaaaa aa aaa aaaaa aaaa aaaaaaa aaa aa aaaaaa aaaa aaaaa aaa aaaaaaaaa aa aaaa aaa aaaaa aaaaa aaa aaaaaaa aa aaaa aaaaaa aaa aaaaa aaaaaaaa aa aaa aaaaa aaaa aaaaaaa aaa aa aaaaaa aaaa aaaaa aaa aaaaaaaaa aa aaaa aaa aaaaa aaaaa aaa aaaaaaa aa aaaa aaaaaa aaa aaaaa aaaaaaaa aa aaa aaaaa aaaa aaaaaaa aaa aa aaaaaa aaaa aaaaa aaa aaaaaaaaa aa aaaa aaa aaaaa aaaaa aaa aaaaaaa aa aaaa aaaaaa aaa aaaaa aaaaaaaa aa aaa aaaaa aaaa aaaaaaa aaa aa aaaaaa aaaa aaaaa aaa aaaaaaaaa aa aaaa aaa aaaaa aaaaa aaa aaaaaaa aa aaaa aaaaaa aaa aaaaa aaaaaaaa aa aaa aaaaa aaaa aaaaaaa aaa aa aaaaaa aaaa aaaaa aaa aaaaaaaaa aa aaaa aaa aaaaa aaaaa aaa aaaaaaa aa aaaa aaaaaa aaa aaaaa aaaaaaaa aa aaa aaaaa aaaa aaaaaaa
KANSAN WANT ADS
KANSAN CLASSIFIED RATES
One Day
25 words or fewer: $1.50
each additional word: $.01
Three Days
25 words or fewer: $3.00
each additional word: $.02
Five Days
25 words or fewer: $3.75
each additional word: $.03
Deadline: 5 p.m. 3 days before publication
aaaaa aaa aaaaaaa aa aaaa aaaaaa aaa aaaaa aaaaaaaa aa aaa aaaaa aaaa aaaaaaa aaa aa aaaaaa aaaa aaaaa aaa aaaaaaaaa aa aaaa aaa aaaaa aaaaa aaa aaaaaaa aa aaaa aaaaaa aaa aaaaa aaaaaaaa aa aaa aaaaa aaaa aaaaaaa aaa aa aaaaaa aaaa aaaaa aaa aaaaaaaaa aa aaaa aaa aaaaa aaaaa aaa aaaaaaa aa aaaa aaaaaa aaa aaaaa aaaaaaaa aa aaa aaaaa aaaa
FOR SALE
aaaaa aaa aaaaaaa aa aaaa aaaaaa aaa aaaaa aaaaaaaa aa aaa aaaaa aaaa aaaaaaa aaa aa aaaaaa aaaa aaaaa aaa aaaaaaaaa aa aaaa aaa aaaaa aaaaa aaa aaaaaaa aa aaaa aaaaaa aaa aaaaa aaaaaaaa aa aaa aaaaa aaaa aaaaaaa aaa aa aaaaaa aaaa aaaaa aaa aaaaaaaaa aa aaaa aaa aaaaa aaaaa aaa aaaaaaa aa aaaa aaaaaa aaa aaaaa aaaaaaaa aa aaa aaaaa aaaa aaaaaaa aaa aa aaaaaa aaaa aaaaa aaa aaaaaaaaa aa aaaa aaa aaaaa aaaaa aaa aaaaaaa aa aaaa aaaaaa aaa aaaaa aaaaaaaa aa aaa aaaaa aaaa aaaaaaa aaa aa aaaaaa aaaa aaaaa aaa aaaaaaaaa aa aaaa aaa aaaaa aaaaa aaa aaaaaaa aa aaaa aaaaaa aaa aaaaa aaaaaaaa aa aaa aaaaa aaaa aaaaaaa aaa aa aaaaaa aaaa aaaaa aaa aaaaaaaaa aa aaaa aaa aaaaa aaaaa aaa aaaaaaa aa aaaa aaaaaa aaa aaaaa aaaaaaaa aa aaa aaaaa aaaa aaaaaaa aaa aa aaaaaa aaaa aaaaa aaa aaaaaaaaa aa aaaa aaa aaaaa aaaaa aaa aaaaaaa aa aaaa aaaaaa aaa aaaaa aaaaaaaa aa aaa aaaaa aaaa aaaaaaa aaa aa aaaaaa aaaa aaaaa aaa aaaaaaaaa aa aaaa aaa aaaaa aaaaa aaa aaaaaaa aa aaaa aaaaaa aaa aaaaa aaaaaaaa aa aaa aaaaa aaaa aaaaaaa aaa aa aaaaaa aaaa aaaaa aaa aaaaaaaaa aa aaaa aaa aaaaa aaaaa aaa aaaaaaa aa aaaa aaaaaa aaa aaaaa aaaaaaaa aa aaa aaaaa aaaa aaaaaaa aaa aa aaaaaa aaaa aaaaa aaa aaaaaaaaa aa aaaa aaa aaaaa aaaaa aaa aaaaaaa aa aaaa aaaaaa aaa aaaaa aaaaaaaa aa aaa aaaaa aaaa aaaaaaa aaa aa aaaaaa aaaa aaaaa aaa aaaaaaaaa aa aaaa aaa aaaaa aaaaa aaa aaaaaaa aa aaaa aaaaaa aaa aaaaa aaaaaaaa aa aaa aaaaa aaaa aaaaaaa aaa aa aaaaaa aaaa aaaaa aaa aaaaaaaaa aa aaaa aaa aaaaa aaaaa aaa aaaaaaa aa aaaa aaaaaa aaa aaaaa aaaaaaaa aa aaa aaaaa aaaa aaaaaaa aaa aa aaaaaa aaaa aaaaa aaa aaaaaaaaa aa aaaa aaa aaaaa aaaaa aaa aaaaaaa aa aaaa aaaaaa aaa aaaaa aaaaaaaa aa aaa aaaaa aaaa aaaaaaa aaa aa aaaaaa aaaa aaaaa aaa aaaaaaaaa aa aaaa aaa aaaaa aaaaa aaa aaaaaaa aa aaaa aaaaaa aaa aaaaa aaaaaaaa aa aaa aaaaa aaaa aaaaaaa aaa aa aaaaaa aaaa aaaaa aaa aaaaaaaaa aa aaaa aaa aaaaa aaaaa aaa aaaaaaa aa aaaa aaaaaa aaa aaaaa aaaaaaaa aa aaa aaaaa aaaa aaaaaaa aaa aa aaaaaa aaaa aaaaa aaa aaaaaaaaa aa aaaa aaa aaaaa aaaaa aaa aaaaaaa aa aaaa aaaaaa aaa aaaaa aaaaaaaa aa aaa aaaaa aaaa aaaaaaa aaa aa aaaaaa aaaa aaaaa aaa aaaaaaaaa aa aaaa aaa aaaaa aaaaa aaa aaaaaaa aa aaaa aaaaaa aaa aaaaa aaaaaaaa aa aaa aaaaa aaaa aaaaaaa aaa aa aaaaaa aaaa aaaaa aaa aaaaaaaaa aa aaaa aaa aaaaa aaaaa aaa aaaaaaa aa aaaa aaaaaa aaa aaaaa aaaaaaaa aa aaa aaaaa aaaa
aaaaa aaa aaaaaaa aa aaaa aaaaaa aaa aaaaa aaaaaaaa aa aaa aaaaa aaaa aaaaaaa aaa aa aaaaaa aaaa aaaaa aaa aaaaaaaaa aa aaaa aaa aaaaa aaaaa aaa aaaaaaa aa aaaa aaaaaa aaa aaaaa aaaaaaaa aa aaa aaaaa aaaa aaaaaaa aaa aa aaaaaa aaaa aaaaa aaa aaaaaaaaa aa aaaa aaa aaaaa aaaaa aaa aaaaaaa aa aaaa aaaaaa aaa aaaaa aaaaaaaa aa aaa aaaaa aaaa aaaaaaa aaa aa aaaaaa aaaa aaaaa aaa aaaaaaaaa aa aaaa aaa aaaaa aaaaa aaa aaaaaaa aa aaaa aaaaaa aaa aaaaa aaaaaaaa aa aaa aaaaa aaaa aaaaaaa aaa aa aaaaaa aaaa aaaaa aaa aaaaaaaaa aa aaaa aaa aaaaa aaaaa aaa aaaaaaa aa aaaa aaaaaa aaa aaaaa aaaaaaaa aa aaa aaaaa aaaa aaaaaaa aaa aa aaaaaa aaaa aaaaa aaa aaaaaaaaa aa aaaa aaa aaaaa aaaaa aaa aaaaaaa aa aaaa aaaaaa aaa aaaaa aaaaaaaa aa aaa aaaaa aaaa aaaaaaa aaa aa aaaaaa aaaa aaaaa aaa aaaaaaaaa aa aaaa aaa aaaaa aaaaa aaa aaaaaaa aa aaaa aaaaaa aaa aaaaa aaaaaaaa aa aaa aaaaa aaaa aaaaaaa aaa aa aaaaaa aaaa aaaaa aaa aaaaaaaaa aa aaaa aaa aaaaa aaaaa aaa aaaaaaa aa aaaa aaaaaa aaa aaaaa aaaaaaaa aa aaa aaaaa aaaa aaaaaaa aaa aa aaaaaa aaaa aaaaa aaa aaaaaaaaa aa aaaa aaa aaaaa aaaaa aaa aaaaaaa aa aaaa aaaaaa aaa aaaaa aaaaaaaa aa aaa aaaaa aaaa aaaaaaa aaa aa aaaaaa aaaa aaaaa aaa aaaaaaaaa aa aaaa aaa aaaaa aaaaa aaa aaaaaaa aa aaaa aaaaaa aaa aaaaa aaaaaaaa aa aaa aaaaa aaaa aaaaaaa aaa aa aaaaaa aaaa aaaaa aaa aaaaaaaaa aa aaaa aaa aaaaa aaaaa aaa aaaaaaa aa aaaa aaaaaa aaa aaaaa aaaaaaaa aa aaa aaaaa aaaa aaaaaaa aaa aa aaaaaa aaaa aaaaa aaa aaaaaaaaa aa aaaa aaa aaaaa aaaaa aaa aaaaaaa aa aaaa aaaaaa aaa aaaaa aaaaaaaa aa aaa aaaaa aaaa aaaaaaa aaa aa aaaaaa aaaa aaaaa aaa aaaaaaaaa aa aaaa aaa aaaaa aaaaa aaa aaaaaaa aa aaaa aaaaaa aaa aaaaa aaaaaaaa aa aaa aaaaa aaaa aaaaaaa aaa aa aaaaaa aaaa aaaaa aaa aaaaaaaaa aa aaaa aaa aaaaa aaaaa aaa aaaaaaa aa aaaa aaaaaa aaa aaaaa aaaaaaaa aa aaa aaaaa aaaa aaaaaaa aaa aa aaaaaa aaaa aaaaa aaa aaaaaaaaa aa aaaa aaa aaaaa aaaaa aaa aaaaaaa aa aaaa aaaaaa aaa aaaaa aaaaaaaa aa aaa aaaaa aaaa aaaaaaa aaa aa aaaaaa aaaa aaaaa aaa aaaaaaaaa aa aaaa aaa aaaaa aaaaa aaa aaaaaaa aa aaaa aaaaaa aaa aaaaa aaaaaaaa aa aaa aaaaa aaaa aaaaaaa aaa aa aaaaaa aaaa aaaaa aaa aaaaaaaaa aa aaaa aaa aaaaa aaaaa aaa aaaaaaa aa aaaa aaaaaa aaa aaaaa aaaaaaaa aa aaa aaaaa aaaa aaaaaaa aaa aa aaaaaa aaaa aaaaa aaa
NOTICE
aaaaa aaa aaaaaaa aa aaaa aaaaaa aaa aaaaa aaaaaaaa aa aaa aaaaa aaaa aaaaaaa aaa aa aaaaaa aaaa aaaaa aaa aaaaaaaaa aa aaaa aaa aaaaa aaaaa aaa aaaaaaa aa aaaa aaaaaa aaa aaaaa aaaaaaaa aa aaa aaaaa aaaa aaaaaaa aaa aa aaaaaa aaaa aaaaa aaa aaaaaaaaa aa aaaa aaa aaaaa aaaaa aaa aaaaaaa aa aaaa aaaaaa aaa aaaaa aaaaaaaa aa aaa aaaaa aaaa aaaaaaa aaa aa aaaaaa aaaa aaaaa aaa aaaaaaaaa aa aaaa aaa aaaaa aaaaa aaa aaaaaaa aa aaaa aaaaaa aaa aaaaa aaaaaaaa aa aaa aaaaa aaaa aaaaaaa aaa aa aaaaaa aaaa aaaaa aaa aaaaaaaaa aa aaaa aaa aaaaa aaaaa aaa aaaaaaa aa aaaa aaaaaa aaa aaaaa aaaaaaaa aa aaa aaaaa aaaa aaaaaaa aaa aa aaaaaa aaaa aaaaa aaa aaaaaaaaa aa aaaa aaa aaaaa aaaaa aaa aaaaaaa aa aaaa aaaaaa aaa aaaaa aaaaaaaa aa aaa aaaaa aaaa aaaaaaa aaa aa aaaaaa aaaa aaaaa aaa aaaaaaaaa aa aaaa aaa aaaaa aaaaa aaa aaaaaaa aa aaaa aaaaaa aaa aaaaa aaaaaaaa aa aaa aaaaa aaaa aaaaaaa aaa aa aaaaaa aaaa aaaaa aaa aaaaaaaaa aa aaaa aaa aaaaa aaaaa aaa aaaaaaa aa aaaa aaaaaa aaa aaaaa aaaaaaaa aa aaa aaaaa aaaa aaaaaaa aaa aa aaaaaa aaaa aaaaa aaa aaaaaaaaa aa aaaa aaa aaaaa aaaaa aaa aaaaaaa aa aaaa aaaaaa aaa aaaaa aaaaaaaa aa aaa aaaaa aaaa aaaaaaa aaa aa aaaaaa aaaa aaaaa aaa aaaaaaaaa aa aaaa aaa aaaaa aaaaa aaa aaaaaaa aa aaaa aaaaaa aaa aaaaa aaaaaaaa aa aaa aaaaa aaaa aaaaaaa aaa aa aaaaaa aaaa aaaaa aaa aaaaaaaaa aa aaaa aaa aaaaa aaaaa aaa aaaaaaa aa aaaa aaaaaa aaa aaaaa aaaaaaaa aa aaa aaaaa aaaa aaaaaaa aaa aa aaaaaa aaaa aaaaa aaa aaaaaaaaa aa aaaa aaa aaaaa aaaaa aaa aaaaaaa aa aaaa aaaaaa aaa aaaaa aaaaaaaa aa aaa aaaaa aaaa aaaaaaa aaa aa aaaaaa aaaa aaaaa aaa aaaaaaaaa aa aaaa aaa aaaaa aaaaa aaa aaaaaaa aa aaaa aaaaaa aaa aaaaa aaaaaaaa aa aaa aaaaa aaaa aaaaaaa aaa aa aaaaaa aaaa aaaaa aaa aaaaaaaaa aa aaaa aaa aaaaa aaaaa aaa aaaaaaa aa aaaa aaaaaa aaa aaaaa aaaaaaaa aa aaa aaaaa aaaa aaaaaaa aaa aa aaaaaa aaaa aaaaa aaa aaaaaaaaa aa aaaa aaa aaaaa aaaaa aaa aaaaaaa aa aaaa aaaaaa aaa aaaaa aaaaaaaa aa aaa aaaaa aaaa aaaaaaa aaa aa aaaaaa aaaa aaaaa aaa aaaaaaaaa aa aaaa aaa aaaaa aaaaa aaa aaaaaaa aa aaaa aaaaaa aaa aaaaa aaaaaaaa aa aaa aaaaa aaaa aaaaaaa aaa aa aaaaaa aaaa aaaaa aaa aaaaaaaaa aa aaaa aaa aaaaa aaaaa aaa aaaaaaa aa aaaa aaaaaa aaa aaaaa aaaaaaaa aa aaa aaaaa aaaa aaaaaaa aaa aa aaaaaa aaaa aaaaa aaa aaaaaaaaa aa aaaa aaa aaaaa aaaaa aaa aaaaaaa aa aaaa aaaaaa aaa aaaaa aaaaaaaa aa aaa aaaaa aaaa aaaaaaa aaa aa aaaaaa aaaa aaaaa aaa aaaaaaaaa aa aaaa aaa aaaaa aaaaa aaa aaaaaaa aa aaaa aaaaaa aaa aaaaa aaaaaaaa aa aaa aaaaa aaaa aaaaaaa aaa aa aaaaaa aaaa aaaaa aaa aaaaaaaaa aa aaaa aaa aaaaa aaaaa aaa aaaaaaa aa aaaa aaaaaa aaa aaaaa aaaaaaaa aa aaa aaaaa aaaa aaaaaaa aaa aa aaaaaa aaaa aaaaa aaa aaaaaaaaa aa aaaa aaa aaaaa aaaaa aaa aaaaaaa aa aaaa aaaaaa aaa aaaaa aaaaaaaa aa aaa aaaaa aaaa aaaaaaa aaa aa aaaaaa aaaa aaaaa aaa aaaaaaaaa aa aaaa aaa aaaaa aaaaa aaa aaaaaaa aa aaaa aaaaaa aaa aaaaa aaaaaaaa aa aaa aaaaa aaaa aaaaaaa aaa aa aaaaaa aaaa aaaaa aaa aaaaaaaaa aa aaaa aaa aaaaa aaaaa aaa aaaaaaa aa aaaa aaaaaa aaa aaaaa aaaaaaaa aa aaa aaaaa aaaa aaaaaaa aaa aa aaaaaa aaaa aaaaa aaa aaaaaaaaa aa aaaa aaa aaaaa aaaaa aaa aaaaaaa aa aaaa aaaaaa aaa aaaaa aaaaaaaa aa aaa aaaaa aaaa aaaaaaa aaa aa aaaaaa aaaa aaaaa aaa aaaaaaaaa aa aaaa aaa aaaaa aaaaa aaa aaaaaaa aa aaaa aaaaaa aaa aaaaa aaaaaaaa aa aaa aaaaa aaaa aaaaaaa aaa aa aaaaaa aaaa aaaaa aaa aaaaaaaaa aa aaaa aaa aaaaa aaaaa aaa aaaaaaa aa aaaa aaaaaa aaa aaaaa aaaaaaaa aa aaa aaaaa aaaa aaaaaaa aaa aa aaaaaa aaaa aaaaa aaa aaaaaaaaa aa aaaa aaa aaaaa aaaaa aaa aaaaaaa aa aaaa aaaaaa aaa aaaaa aaaaaaaa aa aaa aaaaa aaaa aaaaaaa aaa aa aaaaaa aaaa aaaaa aaa aaaaaaaaa aa aaaa aaa aaaaa aaaaa aaa aaaaaaa aa aaaa aaaaaa aaa aaaaa aaaaaaaa aa aaa aaaaa aaaa aaaaaaa aaa aa aaaaaa aaaa aaaaa aaa aaaaaaaaa aa aaaa aaa aaaaa aaaaa aaa aaaaaaa aa aaaa aaaaaa aaa aaaaa aaaaaaaa aa aaa aaaaa aaaa aaaaaaa aaa aa aaaaaa aaaa aaaaa aaa aaaaaaaaa aa aaaa aaa aaaaa aaaaa aaa aaaaaaa aa aaaa aaaaaa aaa aaaaa aaaaaaaa aa aaa aaaaa aaaa aaaaaaa aaa aa aaaaaa aaaa aaaaa aaa aaaaaaaaa aa aaaa aaa aaaaa aaaaa aaa aaaaaaa aa aaaa aaaaaa aaa aaaaa aaaaaaaa aa aaa aaaaa aaaa aaaaaaa aaa aa aaaaaa aaaa aaaaa aaa aaaaaaaaa aa aaaa aaa aaaaa aaaaa aaa aaaaaaa aa aaaa aaaaaa aaa aaaaa aaaaaaaa aa aaa aaaaa aaaa aaaaaaa aaa aa aaaaaa aaaa aaaaa aaa
aaaaa aaa aaaaaaa aa aaaa aaaaaa aaa aaaaa aaaaaaaa aa aaa aaaaa aaaa aaaaaaa aaa aa aaaaaa aaaa aaaaa aaa aaaaaaaaa aa aaaa aaa aaaaa aaaaa aaa aaaaaaa aa aaaa aaaaaa aaa aaaaa aaaaaaaa aa aaa aaaaa aaaa aaaaaaa aaa aa aaaaaa aaaa aaaaa aaa aaaaaaaaa aa aaaa aaa aaaaa aaaaa aaa aaaaaaa aa aaaa aaaaaa aaa aaaaa aaaaaaaa aa aaa aaaaa aaaa aaaaaaa aaa aa aaaaaa aaaa aaaaa aaa aaaaaaaaa aa aaaa aaa aaaaa aaaaa aaa aaaaaaa aa aaaa aaaaaa aaa aaaaa aaaaaaaa aa aaa aaaaa aaaa aaaaaaa aaa aa aaaaaa aaaa aaaaa aaa aaaaaaaaa aa aaaa aaa aaaaa aaaaa aaa aaaaaaa aa aaaa aaaaaa aaa aaaaa aaaaaaaa aa aaa aaaaa aaaa aaaaaaa aaa aa aaaaaa aaaa aaaaa aaa aaaaaaaaa aa aaaa aaa aaaaa aaaaa aaa aaaaaaa aa aaaa aaaaaa aaa aaaaa aaaaaaaa aa aaa aaaaa aaaa aaaaaaa aaa aa aaaaaa aaaa aaaaa aaa aaaaaaaaa aa aaaa aaa aaaaa aaaaa aaa aaaaaaa aa aaaa aaaaaa aaa aaaaa aaaaaaaa aa aaa aaaaa aaaa aaaaaaa aaa aa aaaaaa aaaa aaaaa aaa aaaaaaaaa aa aaaa aaa aaaaa aaaaa aaa aaaaaaa aa aaaa aaaaaa aaa aaaaa aaaaaaaa aa aaa aaaaa aaaa aaaaaaa aaa aa aaaaaa aaaa aaaaa aaa aaaaaaaaa aa aaaa aaa aaaaa aaaaa aaa aaaaaaa aa aaaa aaaaaa aaa aaaaa aaaaaaaa aa aaa aaaaa aaaa aaaaaaa aaa aa aaaaaa aaaa aaaaa aaa aaaaaaaaa aa aaaa aaa aaaaa aaaaa aaa aaaaaaa aa aaaa aaaaaa aaa aaaaa aaaaaaaa aa aaa aaaaa aaaa aaaaaaa aaa aa aaaaaa aaaa aaaaa aaa aaaaaaaaa aa aaaa aaa aaaaa aaaaa aaa aaaaaaa aa aaaa aaaaaa aaa aaaaa aaaaaaaa aa aaa aaaaa aaaa aaaaaaa aaa aa aaaaaa aaaa aaaaa aaa aaaaaaaaa aa aaaa aaa aaaaa aaaaa aaa aaaaaaa aa aaaa aaaaaa aaa aaaaa aaaaaaaa aa aaa aaaaa aaaa aaaaaaa aaa aa aaaaaa aaaa aaaaa aaa aaaaaaaaa aa aaaa aaa aaaaa aaaaa aaa aaaaaaa aa aaaa aaaaaa aaa aaaaa aaaaaaaa aa aaa aaaaa aaaa aaaaaaa aaa aa aaaaaa aaaa aaaaa aaa
HELP WANTED
aaaaa aaa aaaaaaa aa aaaa aaaaaa aaa aaaaa aaaaaaaa aa aaa aaaaa aaaa aaaaaaa aaa aa aaaaaa aaaa aaaaa aaa aaaaaaaaa aa aaaa aaa aaaaa aaaaa aaa aaaaaaa aa aaaa aaaaaa aaa aaaaa aaaaaaaa aa aaa aaaaa aaaa aaaaaaa aaa aa aaaaaa aaaa aaaaa aaa aaaaaaaaa aa aaaa aaa aaaaa aaaaa aaa aaaaaaa aa aaaa aaaaaa aaa aaaaa aaaaaaaa aa aaa aaaaa aaaa aaaaaaa aaa aa aaaaaa aaaa aaaaa aaa aaaaaaaaa aa aaaa aaa aaaaa aaaaa aaa aaaaaaa aa aaaa aaaaaa aaa aaaaa aaaaaaaa aa aaa aaaaa aaaa aaaaaaa aaa aa aaaaaa aaaa aaaaa aaa aaaaaaaaa aa aaaa aaa aaaaa aaaaa aaa aaaaaaa aa aaaa aaaaaa aaa aaaaa aaaaaaaa aa aaa aaaaa aaaa aaaaaaa aaa aa aaaaaa aaaa aaaaa aaa aaaaaaaaa aa aaaa aaa aaaaa aaaaa aaa aaaaaaa aa aaaa aaaaaa aaa aaaaa aaaaaaaa aa aaa aaaaa aaaa aaaaaaa aaa aa aaaaaa aaaa aaaaa aaa aaaaaaaaa aa aaaa aaa aaaaa aaaaa aaa aaaaaaa aa aaaa aaaaaa aaa aaaaa aaaaaaaa aa aaa aaaaa aaaa aaaaaaa aaa aa aaaaaa aaaa aaaaa aaa aaaaaaaaa aa aaaa aaa aaaaa aaaaa aaa aaaaaaa aa aaaa aaaaaa aaa aaaaa aaaaaaaa aa aaa aaaaa aaaa aaaaaaa aaa aa aaaaaa aaaa aaaaa aaa aaaaaaaaa aa aaaa aaa aaaaa aaaaa aaa aaaaaaa aa aaaa aaaaaa aaa aaaaa aaaaaaaa aa aaa aaaaa aaaa aaaaaaa aaa aa aaaaaa aaaa aaaaa aaa aaaaaaaaa aa aaaa aaa aaaaa aaaaa aaa aaaaaaa aa aaaa aaaaaa aaa aaaaa aaaaaaaa aa aaa aaaaa aaaa aaaaaaa aaa aa aaaaaa aaaa aaaaa aaa aaaaaaaaa aa aaaa aaa aaaaa aaaaa aaa aaaaaaa aa aaaa aaaaaa aaa aaaaa aaaaaaaa aa aaa aaaaa aaaa aaaaaaa aaa aa aaaaaa aaaa aaaaa aaa aaaaaaaaa aa aaaa aaa aaaaa aaaaa aaa aaaaaaa aa aaaa aaaaaa aaa aaaaa aaaaaaaa aa aaa aaaaa aaaa aaaaaaa aaa aa aaaaaa aaaa aaaaa aaa aaaaaaaaa aa aaaa aaa aaaaa aaaaa aaa aaaaaaa aa aaaa aaaaaa aaa aaaaa aaaaaaaa aa aaa aaaaa aaaa aaaaaaa aaa aa aaaaaa aaaa aaaaa aaa aaaaaaaaa aa aaaa aaa aaaaa aaaaa aaa aaaaaaa aa aaaa aaaaaa aaa aaaaa aaaaaaaa aa aaa aaaaa aaaa aaaaaaa aaa aa aaaaaa aaaa aaaaa aaa aaaaaaaaa aa aaaa aaa aaaaa aaaaa aaa aaaaaaa aa aaaa aaaaaa aaa aaaaa aaaaaaaa aa aaa aaaaa aaaa aaaaaaa aaa aa aaaaaa aaaa aaaaa aaa aaaaaaaaa aa aaaa aaa aaaaa aaaaa aaa aaaaaaa aa aaaa aaaaaa aaa aaaaa aaaaaaaa aa aaa aaaaa aaaa aaaaaaa aaa aa aaaaaa aaaa aaaaa aaa aaaaaaaaa aa aaaa aaa aaaaa aaaaa aaa aaaaaaa aa aaaa aaaaaa aaa aaaaa aaaaaaaa aa aaa aaaaa aaaa aaaaaaa aaa aa aaaaaa aaaa aaaaa aaa aaaaaaaaa aa aaaa aaa aaaaa aaaaa aaa aaaaaaa aa aaaa aaaaaa aaa aaaaa aaaaaaaa aa aaa aaaaa aaaa aaaaaaa aaa aa aaaaaa aaaa aaaaa aaa aaaaaaaaa aa aaaa aaa aaaaa aaaaa aaa aaaaaaa aa aaaa aaaaaa aaa aaaaa aaaaaaaa aa aaa aaaaa aaaa aaaaaaa aaa aa aaaaaa aaaa aaaaa aaa aaaaaaaaa aa aaaa aaa aaaaa aaaaa aaa aaaaaaa aa aaaa aaaaaa aaa aaaaa aaaaaaaa aa aaa aaaaa aaaa aaaaaaa aaa aa aaaaaa aaaa aaaaa aaa aaaaaaaaa aa aaaa aaa aaaaa aaaaa aaa aaaaaaa aa aaaa aaaaaa aaa aaaaa aaaaaaaa aa aaa aaaaa aaaa aaaaaaa aaa aa aaaaaa aaaa aaaaa aaa aaaaaaaaa aa aaaa aaa aaaaa aaaaa aaa aaaaaaa aa aaaa aaaaaa aaa aaaaa aaaaaaaa aa aaa aaaaa aaaa aaaaaaa aaa aa aaaaaa aaaa aaaaa aaa aaaaaaaaa aa aaaa aaa aaaaa aaaaa aaa aaaaaaa aa aaaa aaaaaa aaa aaaaa aaaaaaaa aa aaa aaaaa aaaa aaaaaaa aaa aa aaaaaa aaaa aaaaa aaa aaaaaaaaa aa aaaa aaa aaaaa aaaaa aaa aaaaaaa aa aaaa aaaaaa aaa aaaaa aaaaaaaa aa aaa aaaaa aaaa aaaaaaa aaa aa aaaaaa aaaa aaaaa aaa aaaaaaaaa aa aaaa aaa aaaaa
TYPING
aaaaa aaa aaaaaaa aa aaaa aaaaaa aaa aaaaa aaaaaaaa aa aaa aaaaa aaaa aaaaaaa aaa aa aaaaaa aaaa aaaaa aaa aaaaaaaaa aa aaaa aaa aaaaa aaaaa aaa aaaaaaa aa aaaa aaaaaa aaa aaaaa aaaaaaaa aa aaa aaaaa aaaa aaaaaaa aaa aa aaaaaa aaaa aaaaa aaa aaaaaaaaa aa aaaa aaa aaaaa aaaaa aaa aaaaaaa aa aaaa aaaaaa aaa aaaaa aaaaaaaa aa aaa aaaaa aaaa aaaaaaa aaa aa aaaaaa aaaa aaaaa aaa aaaaaaaaa aa aaaa aaa aaaaa aaaaa aaa aaaaaaa aa aaaa aaaaaa aaa aaaaa aaaaaaaa aa aaa aaaaa aaaa aaaaaaa aaa aa aaaaaa aaaa aaaaa aaa aaaaaaaaa aa aaaa aaa aaaaa aaaaa aaa aaaaaaa aa aaaa aaaaaa aaa aaaaa aaaaaaaa aa aaa aaaaa aaaa aaaaaaa aaa aa aaaaaa aaaa aaaaa aaa aaaaaaaaa aa aaaa aaa aaaaa aaaaa aaa aaaaaaa aa aaaa aaaaaa aaa aaaaa aaaaaaaa aa aaa aaaaa aaaa aaaaaaa aaa aa aaaaaa aaaa aaaaa aaa aaaaaaaaa aa aaaa aaa aaaaa aaaaa aaa aaaaaaa aa aaaa aaaaaa aaa aaaaa aaaaaaaa aa aaa aaaaa aaaa aaaaaaa aaa aa aaaaaa aaaa aaaaa aaa aaaaaaaaa aa aaaa aaa aaaaa aaaaa aaa aaaaaaa aa aaaa aaaaaa aaa aaaaa aaaaaaaa aa aaa aaaaa aaaa aaaaaaa aaa aa aaaaaa aaaa aaaaa aaa aaaaaaaaa aa aaaa aaa aaaaa aaaaa aaa aaaaaaa aa aaaa aaaaaa aaa aaaaa aaaaaaaa aa aaa aaaaa aaaa aaaaaaa aaa aa aaaaaa aaaa aaaaa aaa aaaaaaaaa aa aaaa aaa aaaaa aaaaa aaa aaaaaaa aa aaaa aaaaaa aaa aaaaa aaaaaaaa aa aaa aaaaa aaaa aaaaaaa aaa aa
aaaaa aaa aaaaaaa aa aaaa aaaaaa aaa aaaaa aaaaaaaa aa aaa aaaaa aaaa aaaaaaa aaa aa aaaaaa aaaa aaaaa aaa aaaaaaaaa aa aaaa aaa aaaaa aaaaa aaa aaaaaaa aa aaaa aaaaaa aaa aaaaa aaaaaaaa aa aaa aaaaa aaaa aaaaaaa aaa aa aaaaaa aaaa aaaaa aaa aaaaaaaaa aa aaaa aaa aaaaa aaaaa aaa aaaaaaa aa aaaa aaaaaa aaa aaaaa aaaaaaaa aa aaa aaaaa aaaa aaaaaaa aaa aa aaaaaa aaaa aaaaa aaa aaaaaaaaa aa aaaa aaa aaaaa aaaaa aaa aaaaaaa aa aaaa aaaaaa aaa aaaaa
FOR RENT
aaaaa aaa aaaaaaa aa aaaa aaaaaa aaa aaaaa aaaaaaaa aa aaa aaaaa aaaa aaaaaaa aaa aa aaaaaa aaaa aaaaa aaa aaaaaaaaa aa aaaa aaa aaaaa aaaaa aaa aaaaaaa aa aaaa aaaaaa aaa aaaaa aaaaaaaa aa aaa aaaaa aaaa aaaaaaa aaa aa aaaaaa aaaa aaaaa aaa aaaaaaaaa aa aaaa aaa aaaaa aaaaa aaa aaaaaaa aa aaaa aaaaaa aaa aaaaa aaaaaaaa aa aaa aaaaa aaaa aaaaaaa aaa aa aaaaaa aaaa aaaaa aaa aaaaaaaaa aa aaaa aaa aaaaa aaaaa aaa aaaaaaa aa aaaa aaaaaa aaa aaaaa aaaaaaaa aa aaa aaaaa aaaa aaaaaaa aaa aa aaaaaa aaaa aaaaa aaa aaaaaaaaa aa aaaa aaa aaaaa aaaaa aaa aaaaaaa aa aaaa aaaaaa aaa aaaaa aaaaaaaa aa aaa aaaaa aaaa aaaaaaa aaa aa aaaaaa aaaa aaaaa aaa aaaaaaaaa aa aaaa aaa aaaaa aaaaa aaa aaaaaaa aa aaaa aaaaaa aaa aaaaa aaaaaaaa aa aaa aaaaa aaaa aaaaaaa aaa aa aaaaaa aaaa aaaaa aaa aaaaaaaaa aa aaaa aaa aaaaa aaaaa aaa aaaaaaa aa aaaa aaaaaa aaa aaaaa aaaaaaaa aa aaa aaaaa aaaa aaaaaaa aaa aa aaaaaa aaaa aaaaa aaa aaaaaaaaa aa aaaa aaa aaaaa aaaaa aaa aaaaaaa aa aaaa aaaaaa aaa aaaaa aaaaaaaa aa aaa aaaaa aaaa aaaaaaa aaa aa aaaaaa aaaa aaaaa aaa aaaaaaaaa aa aaaa aaa aaaaa aaaaa aaa aaaaaaa aa aaaa aaaaaa aaa aaaaa aaaaaaaa aa aaa aaaaa aaaa aaaaaaa aaa aa aaaaaa aaaa aaaaa aaa aaaaaaaaa aa aaaa aaa aaaaa aaaaa aaa aaaaaaa aa aaaa aaaaaa aaa aaaaa aaaaaaaa aa aaa aaaaa aaaa aaaaaaa aaa aa aaaaaa aaaa aaaaa aaa aaaaaaaaa aa aaaa aaa aaaaa aaaaa aaa aaaaaaa aa aaaa aaaaaa aaa aaaaa aaaaaaaa aa aaa aaaaa aaaa aaaaaaa aaa aa aaaaaa aaaa aaaaa aaa aaaaaaaaa aa aaaa aaa aaaaa aaaaa aaa aaaaaaa aa aaaa aaaaaa aaa aaaaa aaaaaaaa aa aaa aaaaa aaaa aaaaaaa aaa aa aaaaaa aaaa aaaaa aaa aaaaaaaaa aa aaaa aaa aaaaa aaaaa aaa aaaaaaa aa aaaa aaaaaa aaa
WANTED
aaaaa aaa aaaaaaa aa aaaa aaaaaa aaa aaaaa aaaaaaaa aa aaa aaaaa aaaa aaaaaaa aaa aa aaaaaa aaaa aaaaa aaa aaaaaaaaa aa aaaa aaa aaaaa aaaaa aaa aaaaaaa aa aaaa aaaaaa aaa aaaaa aaaaaaaa aa aaa aaaaa aaaa aaaaaaa aaa aa aaaaaa aaaa aaaaa aaa aaaaaaaaa aa aaaa aaa aaaaa aaaaa aaa aaaaaaa aa aaaa aaaaaa aaa aaaaa aaaaaaaa aa aaa aaaaa aaaa aaaaaaa aaa aa aaaaaa aaaa aaaaa aaa aaaaaaaaa aa aaaa aaa aaaaa aaaaa aaa aaaaaaa aa aaaa aaaaaa aaa aaaaa aaaaaaaa aa aaa aaaaa aaaa aaaaaaa aaa aa aaaaaa aaaa aaaaa aaa aaaaaaaaa aa aaaa aaa aaaaa aaaaa aaa aaaaaaa aa aaaa aaaaaa aaa aaaaa aaaaaaaa aa aaa aaaaa aaaa aaaaaaa aaa aa aaaaaa aaaa aaaaa aaa aaaaaaaaa aa aaaa aaa aaaaa aaaaa aaa aaaaaaa aa aaaa aaaaaa aaa aaaaa aaaaaaaa aa aaa aaaaa aaaa aaaaaaa aaa aa aaaaaa aaaa aaaaa aaa aaaaaaaaa aa aaaa aaa aaaaa aaaaa aaa aaaaaaa aa aaaa aaaaaa aaa aaaaa aaaaaaaa aa aaa aaaaa aaaa aaaaaaa aaa aa aaaaaa aaaa aaaaa aaa aaaaaaaaa aa aaaa aaa aaaaa aaaaa aaa aaaaaaa aa aaaa aaaaaa aaa aaaaa aaaaaaaa aa aaa aaaaa aaaa aaaaaaa aaa aa aaaaaa aaaa aaaaa aaa aaaaaaaaa aa aaaa aaa aaaaa aaaaa aaa aaaaaaa aa aaaa aaaaaa aaa aaaaa aaaaaaaa aa aaa aaaaa aaaa aaaaaaa aaa aa aaaaaa aaaa aaaaa aaa aaaaaaaaa aa aaaa aaa aaaaa aaaaa aaa aaaaaaa aa aaaa aaaaaa aaa aaaaa aaaaaaaa aa aaa aaaaa aaaa aaaaaaa aaa aa aaaaaa aaaa aaaaa aaa aaaaaaaaa aa aaaa aaa aaaaa
LOST AND FOUND
aaaaa aaa aaaaaaa aa aaaa aaaaaa aaa aaaaa aaaaaaaa aa aaa aaaaa aaaa aaaaaaa aaa aa aaaaaa aaaa aaaaa aaa aaaaaaaaa aa aaaa aaa aaaaa aaaaa aaa aaaaaaa aa aaaa aaaaaa aaa aaaaa aaaaaaaa aa aaa aaaaa aaaa aaaaaaa aaa aa aaaaaa aaaa aaaaa aaa aaaaaaaaa aa aaaa aaa aaaaa aaaaa aaa aaaaaaa aa aaaa aaaaaa aaa aaaaa aaaaaaaa aa aaa aaaaa aaaa aaaaaaa aaa aa aaaaaa aaaa aaaaa aaa aaaaaaaaa aa aaaa aaa aaaaa aaaaa aaa aaaaaaa aa aaaa aaaaaa aaa aaaaa aaaaaaaa aa aaa aaaaa aaaa aaaaaaa aaa aa aaaaaa aaaa aaaaa aaa aaaaaaaaa aa aaaa aaa aaaaa aaaaa aaa aaaaaaa aa aaaa aaaaaa aaa aaaaa aaaaaaaa aa aaa aaaaa aaaa aaaaaaa aaa aa aaaaaa aaaa aaaaa aaa aaaaaaaaa aa aaaa aaa aaaaa aaaaa aaa aaaaaaa aa aaaa aaaaaa aaa aaaaa aaaaaaaa aa aaa aaaaa aaaa aaaaaaa aaa aa aaaaaa aaaa aaaaa aaa aaaaaaaaa aa aaaa aaa aaaaa aaaaa aaa aaaaaaa aa aaaa aaaaaa aaa aaaaa aaaaaaaa aa aaa aaaaa aaaa aaaaaaa aaa aa aaaaaa aaaa aaaaa aaa aaaaaaaaa aa aaaa aaa aaaaa aaaaa aaa aaaaaaa aa aaaa aaaaaa aaa aaaaa aaaaaaaa aa aaa aaaaa aaaa aaaaaaa aaa aa aaaaaa aaaa aaaaa aaa aaaaaaaaa aa aaaa aaa aaaaa aaaaa aaa aaaaaaa aa aaaa aaaaaa aaa aaaaa aaaaaaaa aa aaa aaaaa aaaa aaaaaaa aaa aa aaaaaa aaaa aaaaa aaa aaaaaaaaa aa aaaa aaa aaaaa aaaaa aaa aaaaaaa aa aaaa aaaaaa aaa aaaaa aaaaaaaa aa aaa aaaaa aaaa aaaaaaa aaa aa aaaaaa aaaa aaaaa aaa aaaaaaaaa aa aaaa aaa aaaaa aaaaa aaa aaaaaaa aa aaaa aaaaaa aaa aaaaa aaaaaaaa aa aaa aaaaa aaaa aaaaaaa
PERSONAL
aaaaa aaa aaaaaaa aa aaaa aaaaaa aaa aaaaa aaaaaaaa aa aaa aaaaa aaaa aaaaaaa aaa aa aaaaaa aaaa aaaaa aaa aaaaaaaaa aa aaaa aaa aaaaa aaaaa aaa aaaaaaa aa aaaa aaaaaa aaa aaaaa aaaaaaaa aa aaa aaaaa aaaa aaaaaaa aaa aa aaaaaa aaaa aaaaa aaa aaaaaaaaa aa aaaa aaa aaaaa aaaaa aaa aaaaaaa aa aaaa aaaaaa aaa aaaaa aaaaaaaa aa aaa aaaaa aaaa aaaaaaa aaa aa aaaaaa aaaa aaaaa aaa aaaaaaaaa aa aaaa aaa aaaaa aaaaa aaa aaaaaaa aa aaaa aaaaaa aaa aaaaa aaaaaaaa aa aaa aaaaa aaaa aaaaaaa aaa aa aaaaaa aaaa aaaaa aaa aaaaaaaaa aa aaaa aaa aaaaa aaaaa aaa aaaaaaa aa aaaa aaaaaa aaa aaaaa aaaaaaaa aa aaa aaaaa aaaa aaaaaaa aaa aa aaaaaa aaaa aaaaa aaa aaaaaaaaa aa aaaa aaa aaaaa aaaaa aaa aaaaaaa aa aaaa aaaaaa aaa aaaaa aaaaaaaa aa aaa aaaaa aaaa aaaaaaa
SERVICES OFFERED
HOROSCOPES
aaaaa aaa aaaaaaa aa aaaa aaaaaa aaa aaaaa aaaaaaaa aa aaa aaaaa aaaa aaaaaaa aaa aa aaaaaa aaaa aaaaa aaa aaaaaaaaa aa aaaa aaa aaaaa aaaaa aaa aaaaaaa aa aaaa aaaaaa aaa aaaaa aaaaaaaa aa aaa aaaaa aaaa aaaaaaa aaa aa aaaaaa aaaa aaaaa aaa aaaaaaaaa aa aaaa aaa aaaaa aaaaa aaa aaaaaaa aa aaaa
THE CREWEL CUPBOARD
Recycle it all!
Bakonon Flashback Attic
Repeat Gear & Oldies
River City Repair
815-819 Vermont St.
Wide Variety of Tropical Plants
aaaaa aaa aaaaaaa aa aaaa aaaaaa aaa aaaaa aaaaaaaa aa aaa aaaaa aaaa aaaaaaa aaa aa aaaaaa aaaa aaaaa aaa aaaaaaaaa aa aaaa aaa aaaaa aaaaa aaa aaaaaaa aa aaaa aaaaaa aaa aaaaa aaaaaaaa aa aaa aaaaa aaaa aaaaaaa aaa aa aaaaaa aaaa aaaaa aaa aaaaaaaaa aa aaaa aaa aaaaa aaaaa aaa aaaaaaa aa aaaa aaaaaa aaa aaaaa aaaaaaaa aa aaa aaaaa aaaa aaaaaaa aaa aa
WESTSIDE GREENHOUSE
aaaaa aaa aaaaaaa aa aaaa aaaaaa aaa aaaaa aaaaaaaa aa aaa aaaaa aaaa aaaaaaa aaa aa aaaaaa aaaa aaaaa aaa aaaaaaaaa aa aaaa aaa aaaaa aaaaa aaa aaaaaaa aa aaaa aaaaaa aaa aaaaa aaaaaaaa aa aaa aaaaa aaaa aaaaaaa aaa aa aaaaaa aaaa aaaaa
Largest Selection of Brand Names in Lawrence
Rose
aaaaa aaa aaaaaaa aa aaaa aaaaaa aaa aaaaa aaaaaaaa aa aaa aaaaa aaaa aaaaaaa aaa aa aaaaaa aaaa aaaaa aaa aaaaaaaaa aa aaaa aaa aaaaa aaaaa aaa aaaaaaa aa aaaa aaaaaa aaa aaaaa aaaaaaaa aa aaa aaaaa aaaa aaaaaaa aaa aa aaaaaa aaaa aaaaa aaa aaaaaaaaa aa aaaa aaa aaaaa aaaaa aaa aaaaaaa aa aaaa aaaaaa aaa aaaaa aaaaaaaa aa aaa aaaaa aaaa aaaaaaa aaa aa aaaaaa aaaa aaaaa aaa aaaaaaaaa aa aaaa aaa aaaaa aaaaa aaa aaaaaaa aa aaaa aaaaaa aaa aaaaa aaaaaaaa aa aaa aaaaa aaaa aaaaaaa aaa aa aaaaaa aaaa aaaaa aaa aaaaaaaaa aa aaaa aaa aaaaa aaaaa aaa aaaaaaa aa aaaa aaaaaa aaa aaaaa aaaaaaaa aa aaa aaaaa aaaa aaaaaaa aaa aa
"George Has Gained the Title of SSSC"
George's Shop
aaaaa aaa aaaaaaa aa aaaa aaaaaa aaa aaaaa aaaaaaaa aa aaa aaaaa aaaa aaaaaaa aaa aa aaaaaa aaaa aaaaa aaa aaaaaaaaa aa aaaa aaa aaaaa aaaaa aaa aaaaaaa aa aaaa aaaaaa aaa aaaaa aaaaaaaa aa aaa aaaaa aaaa aaaaaaa aaa aa aaaaaa aaaa aaaaa aaa aaaaaaaaa aa aaaa aaa aaaaa aaaaa aaa aaaaaaa aa aaaa aaaaaa aaa aaaaa aaaaaaaa aa aaa aaaaa aaaa aaaaaaa aaa aa aaaaaa aaaa aaaaa aaa aaaaaaaaa aa aaaa aaa aaaaa aaaaa aaa aaaaaaa aa aaaa aaaaaa aaa aaaaa aaaaaaaa aa aaa aaaaa aaaa aaaaaaa aaa aa aaaaaa aaaa aaaaa aaa aaaaaaaaa aa aaaa aaa aaaaa aaaaa aaa aaaaaaa aa aaaa aaaaaa aaa aaaaa aaaaaaaa aa aaa aaaaa aaaa aaaaaaa aaa aa aaaaaa aaaa aaaaa aaa aaaaaaaaa aa aaaa aaa aaaaa aaaaa aaa aaaaaaa aa aaaa aaaaaa aaa aaaaa aaaaaaaa aa aaa aaaaa aaaa aaaaaaa aaa aa aaaaaa aaaa aaaaa aaa aaaaaaaaa aa aaaa aaa aaaaa
Spice up your fall wardrobe with selections from:
Thermo Jac
Jumor House
One Main Place
Intuitions
Jack Winter
and other lines to choose from.
9:30-6 M-Sat.
except Thurs. 9:30-8:30
Kirsten's
